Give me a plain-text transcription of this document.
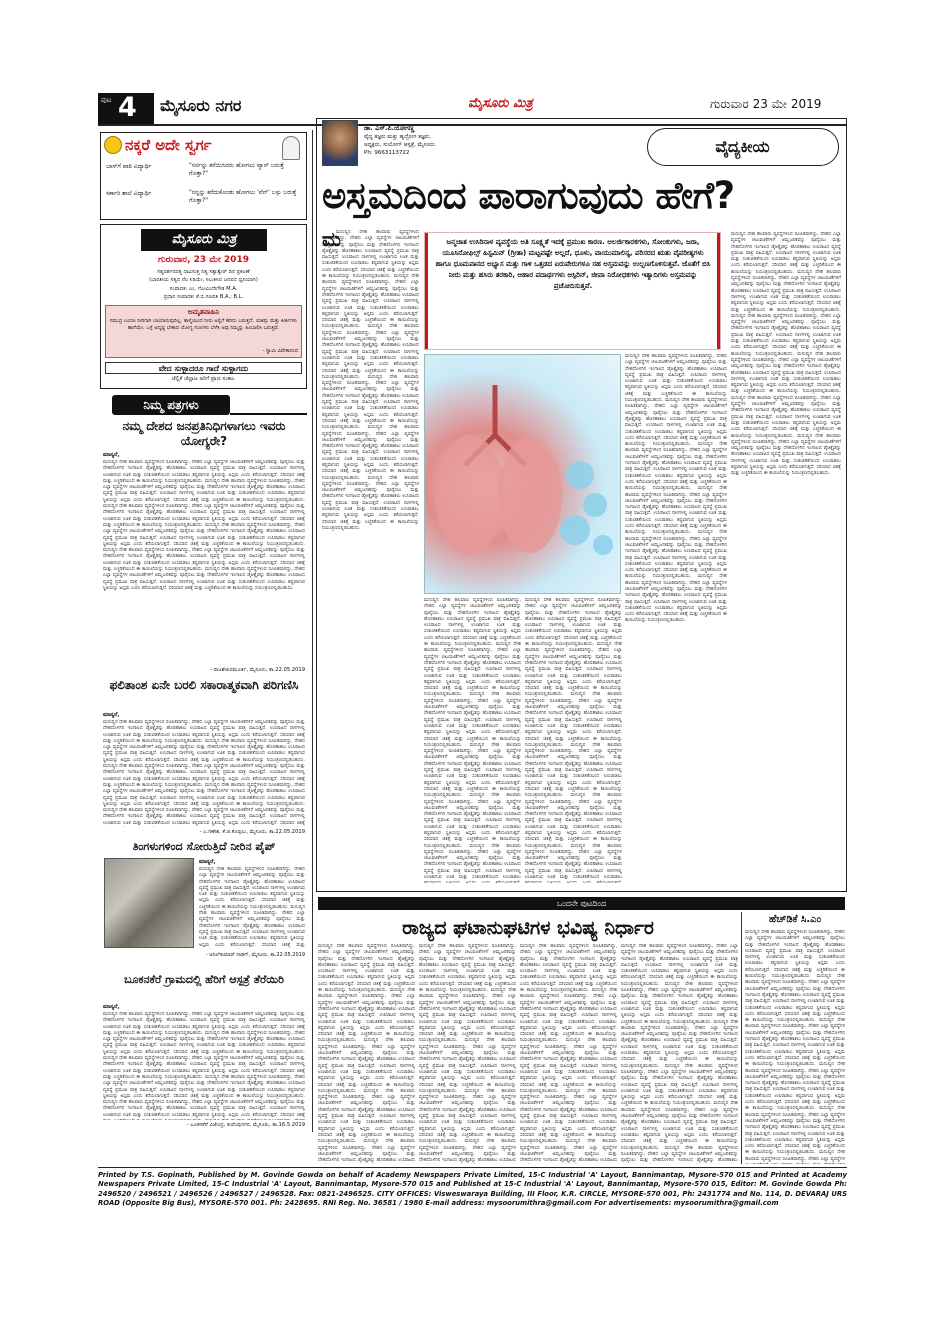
ಪುಟ 4 ಮೈಸೂರು ನಗರ	ಮೈಸೂರು ಮಿತ್ರ	ಗುರುವಾರ 23 ಮೇ 2019
ನಕ್ಕರೆ ಅದೇ ಸ್ವರ್ಗ
ಬಾಸ್‌ಗೆ ಪಾಠಿ ವಿದ್ಯಾರ್ಥಿ	"ಸರ್ನನ್ನು ಕರೆಯಿಸಿದರು ಹೋಗಲು ವ್ಯಾನ್ ಬರುತ್ತೆ ಗೊತ್ತಾ?"
ಸರ್ಕಾರಿ ಶಾಲೆ ವಿದ್ಯಾರ್ಥಿ	"ನನ್ನನ್ನು ಕರೆದುಕೊಂಡು ಹೋಗಲು 'ವೆನ್' ಬಸ್ಸು ಬರುತ್ತೆ ಗೊತ್ತಾ?"
ಮೈಸೂರು ಮಿತ್ರ
ಗುರುವಾರ, 23 ಮೇ 2019
ಸತ್ಯದರ್ಶನದತ್ತ ಧಾವಿಸುತ್ತ ನಿತ್ಯ ಸತ್ಯಾತ್ವೇರ್ ದಿನ ಪ್ರಕಟಣೆ
(ಭಾರತೀಯ ಸತ್ಯದ ನೆಲ ಸಿರಿಯೇ, ಸಿಲುಕಿಸಿದ ಜನಪದ ಧ್ವನಿಯಾಗಿ)
ಸಂಪಾದಕ: ಎಂ. ಗೋವಿಂದೇಗೌಡ M.A.
ಪ್ರಧಾನ ಸಂಪಾದಕ: ಕೆ.ಬಿ.ಗಣಪತಿ B.A.; B.L.
ಅಮೃತವಾಹಿನಿ
ಸಮುದ್ರ ಎಂದೂ ನೀರಿಗಾಗಿ ಬಾಯಾರುವುದಿಲ್ಲ. ತಾಳ್ಮೆಯಿಂದ ನೀರು ಅಲ್ಲಿಗೆ ಹರಿದು ಬರುತ್ತದೆ. ಯಶಸ್ಸು ಮತ್ತು ಕೀರ್ತಿಗಳು ಹಾಗೆಯೇ. ಒಳ್ಳೆ ಅದೃಷ್ಟ ಬೇಕಾದ ಯೋಗ್ಯ ಗುಣಗಳು ಬೆಳೆಸಿ ಅವು ನಿಮ್ಮನ್ನು ಹಿಂಬಾಲಿಸಿ ಬರುತ್ತವೆ.
- ಸ್ವಾಮಿ ವಿವೇಕಾನಂದ
ವೇದ ಸುಳ್ಳಾದರೂ ಗಾದೆ ಸುಳ್ಳಾಗದು
ಚೆಲ್ಲಿಕೆ ಚೆಲ್ಲಾಟ ಅರಿಗೆ ಪ್ರಾಣ ಸಂಕಟ.
ನಿಮ್ಮ ಪತ್ರಗಳು
ನಮ್ಮ ದೇಶದ ಜನಪ್ರತಿನಿಧಿಗಳಾಗಲು ಇವರು ಯೋಗ್ಯರೇ?
ಮಾನ್ಯರೆ,
ಮನುಷ್ಯನ ದೇಹ ಹಲವಾರು ವ್ಯವಸ್ಥೆಗಳಿಂದ ರೂಪಿತವಾಗಿದ್ದು, ದೇಹದ ಎಲ್ಲಾ ವ್ಯವಸ್ಥೆಗಳ ಚಟುವಟಿಕೆಗಳಿಗೆ ಆಮ್ಲಜನಕವನ್ನು ಪೂರೈಸಲು ಮತ್ತು ದೇಹದೊಳಗಿನ ಇಂಗಾಲದ ಡೈಆಕ್ಸೈಡನ್ನು ಹೊರಹಾಕಲು ಉಸಿರಾಟದ ವ್ಯವಸ್ಥೆ ಪ್ರಮುಖ ಪಾತ್ರ ವಹಿಸುತ್ತದೆ. ಉಸಿರಾಟದ ನಾಳಗಳಲ್ಲಿ ಉಂಟಾಗುವ ಊತ ಮತ್ತು ಸಂಕುಚಿತತೆಯಿಂದ ಉಸಿರಾಡಲು ಕಷ್ಟವಾಗುವ ಸ್ಥಿತಿಯನ್ನು ಅಸ್ತಮ ಎಂದು ಕರೆಯಲಾಗುತ್ತದೆ. ಸರಿಯಾದ ಚಿಕಿತ್ಸೆ ಮತ್ತು ಎಚ್ಚರಿಕೆಯಿಂದ ಈ ಕಾಯಿಲೆಯನ್ನು ನಿಯಂತ್ರಣದಲ್ಲಿಡಬಹುದು. ಮನುಷ್ಯನ ದೇಹ ಹಲವಾರು ವ್ಯವಸ್ಥೆಗಳಿಂದ ರೂಪಿತವಾಗಿದ್ದು, ದೇಹದ ಎಲ್ಲಾ ವ್ಯವಸ್ಥೆಗಳ ಚಟುವಟಿಕೆಗಳಿಗೆ ಆಮ್ಲಜನಕವನ್ನು ಪೂರೈಸಲು ಮತ್ತು ದೇಹದೊಳಗಿನ ಇಂಗಾಲದ ಡೈಆಕ್ಸೈಡನ್ನು ಹೊರಹಾಕಲು ಉಸಿರಾಟದ ವ್ಯವಸ್ಥೆ ಪ್ರಮುಖ ಪಾತ್ರ ವಹಿಸುತ್ತದೆ. ಉಸಿರಾಟದ ನಾಳಗಳಲ್ಲಿ ಉಂಟಾಗುವ ಊತ ಮತ್ತು ಸಂಕುಚಿತತೆಯಿಂದ ಉಸಿರಾಡಲು ಕಷ್ಟವಾಗುವ ಸ್ಥಿತಿಯನ್ನು ಅಸ್ತಮ ಎಂದು ಕರೆಯಲಾಗುತ್ತದೆ. ಸರಿಯಾದ ಚಿಕಿತ್ಸೆ ಮತ್ತು ಎಚ್ಚರಿಕೆಯಿಂದ ಈ ಕಾಯಿಲೆಯನ್ನು ನಿಯಂತ್ರಣದಲ್ಲಿಡಬಹುದು. ಮನುಷ್ಯನ ದೇಹ ಹಲವಾರು ವ್ಯವಸ್ಥೆಗಳಿಂದ ರೂಪಿತವಾಗಿದ್ದು, ದೇಹದ ಎಲ್ಲಾ ವ್ಯವಸ್ಥೆಗಳ ಚಟುವಟಿಕೆಗಳಿಗೆ ಆಮ್ಲಜನಕವನ್ನು ಪೂರೈಸಲು ಮತ್ತು ದೇಹದೊಳಗಿನ ಇಂಗಾಲದ ಡೈಆಕ್ಸೈಡನ್ನು ಹೊರಹಾಕಲು ಉಸಿರಾಟದ ವ್ಯವಸ್ಥೆ ಪ್ರಮುಖ ಪಾತ್ರ ವಹಿಸುತ್ತದೆ. ಉಸಿರಾಟದ ನಾಳಗಳಲ್ಲಿ ಉಂಟಾಗುವ ಊತ ಮತ್ತು ಸಂಕುಚಿತತೆಯಿಂದ ಉಸಿರಾಡಲು ಕಷ್ಟವಾಗುವ ಸ್ಥಿತಿಯನ್ನು ಅಸ್ತಮ ಎಂದು ಕರೆಯಲಾಗುತ್ತದೆ. ಸರಿಯಾದ ಚಿಕಿತ್ಸೆ ಮತ್ತು ಎಚ್ಚರಿಕೆಯಿಂದ ಈ ಕಾಯಿಲೆಯನ್ನು ನಿಯಂತ್ರಣದಲ್ಲಿಡಬಹುದು. ಮನುಷ್ಯನ ದೇಹ ಹಲವಾರು ವ್ಯವಸ್ಥೆಗಳಿಂದ ರೂಪಿತವಾಗಿದ್ದು, ದೇಹದ ಎಲ್ಲಾ ವ್ಯವಸ್ಥೆಗಳ ಚಟುವಟಿಕೆಗಳಿಗೆ ಆಮ್ಲಜನಕವನ್ನು ಪೂರೈಸಲು ಮತ್ತು ದೇಹದೊಳಗಿನ ಇಂಗಾಲದ ಡೈಆಕ್ಸೈಡನ್ನು ಹೊರಹಾಕಲು ಉಸಿರಾಟದ ವ್ಯವಸ್ಥೆ ಪ್ರಮುಖ ಪಾತ್ರ ವಹಿಸುತ್ತದೆ. ಉಸಿರಾಟದ ನಾಳಗಳಲ್ಲಿ ಉಂಟಾಗುವ ಊತ ಮತ್ತು ಸಂಕುಚಿತತೆಯಿಂದ ಉಸಿರಾಡಲು ಕಷ್ಟವಾಗುವ ಸ್ಥಿತಿಯನ್ನು ಅಸ್ತಮ ಎಂದು ಕರೆಯಲಾಗುತ್ತದೆ. ಸರಿಯಾದ ಚಿಕಿತ್ಸೆ ಮತ್ತು ಎಚ್ಚರಿಕೆಯಿಂದ ಈ ಕಾಯಿಲೆಯನ್ನು ನಿಯಂತ್ರಣದಲ್ಲಿಡಬಹುದು. ಮನುಷ್ಯನ ದೇಹ ಹಲವಾರು ವ್ಯವಸ್ಥೆಗಳಿಂದ ರೂಪಿತವಾಗಿದ್ದು, ದೇಹದ ಎಲ್ಲಾ ವ್ಯವಸ್ಥೆಗಳ ಚಟುವಟಿಕೆಗಳಿಗೆ ಆಮ್ಲಜನಕವನ್ನು ಪೂರೈಸಲು ಮತ್ತು ದೇಹದೊಳಗಿನ ಇಂಗಾಲದ ಡೈಆಕ್ಸೈಡನ್ನು ಹೊರಹಾಕಲು ಉಸಿರಾಟದ ವ್ಯವಸ್ಥೆ ಪ್ರಮುಖ ಪಾತ್ರ ವಹಿಸುತ್ತದೆ. ಉಸಿರಾಟದ ನಾಳಗಳಲ್ಲಿ ಉಂಟಾಗುವ ಊತ ಮತ್ತು ಸಂಕುಚಿತತೆಯಿಂದ ಉಸಿರಾಡಲು ಕಷ್ಟವಾಗುವ ಸ್ಥಿತಿಯನ್ನು ಅಸ್ತಮ ಎಂದು ಕರೆಯಲಾಗುತ್ತದೆ. ಸರಿಯಾದ ಚಿಕಿತ್ಸೆ ಮತ್ತು ಎಚ್ಚರಿಕೆಯಿಂದ ಈ ಕಾಯಿಲೆಯನ್ನು ನಿಯಂತ್ರಣದಲ್ಲಿಡಬಹುದು. ಮನುಷ್ಯನ ದೇಹ ಹಲವಾರು ವ್ಯವಸ್ಥೆಗಳಿಂದ ರೂಪಿತವಾಗಿದ್ದು, ದೇಹದ ಎಲ್ಲಾ ವ್ಯವಸ್ಥೆಗಳ ಚಟುವಟಿಕೆಗಳಿಗೆ ಆಮ್ಲಜನಕವನ್ನು ಪೂರೈಸಲು ಮತ್ತು ದೇಹದೊಳಗಿನ ಇಂಗಾಲದ ಡೈಆಕ್ಸೈಡನ್ನು ಹೊರಹಾಕಲು ಉಸಿರಾಟದ ವ್ಯವಸ್ಥೆ ಪ್ರಮುಖ ಪಾತ್ರ ವಹಿಸುತ್ತದೆ. ಉಸಿರಾಟದ ನಾಳಗಳಲ್ಲಿ ಉಂಟಾಗುವ ಊತ ಮತ್ತು ಸಂಕುಚಿತತೆಯಿಂದ ಉಸಿರಾಡಲು ಕಷ್ಟವಾಗುವ ಸ್ಥಿತಿಯನ್ನು ಅಸ್ತಮ ಎಂದು ಕರೆಯಲಾಗುತ್ತದೆ. ಸರಿಯಾದ ಚಿಕಿತ್ಸೆ ಮತ್ತು ಎಚ್ಚರಿಕೆಯಿಂದ ಈ ಕಾಯಿಲೆಯನ್ನು ನಿಯಂತ್ರಣದಲ್ಲಿಡಬಹುದು.
- ರಾಜಶೇಖರಮೂರ್ತಿ, ಮೈಸೂರು, ತಾ.22.05.2019
ಫಲಿತಾಂಶ ಏನೇ ಬರಲಿ ಸಕಾರಾತ್ಮಕವಾಗಿ ಪರಿಗಣಿಸಿ
ಮಾನ್ಯರೆ,
ಮನುಷ್ಯನ ದೇಹ ಹಲವಾರು ವ್ಯವಸ್ಥೆಗಳಿಂದ ರೂಪಿತವಾಗಿದ್ದು, ದೇಹದ ಎಲ್ಲಾ ವ್ಯವಸ್ಥೆಗಳ ಚಟುವಟಿಕೆಗಳಿಗೆ ಆಮ್ಲಜನಕವನ್ನು ಪೂರೈಸಲು ಮತ್ತು ದೇಹದೊಳಗಿನ ಇಂಗಾಲದ ಡೈಆಕ್ಸೈಡನ್ನು ಹೊರಹಾಕಲು ಉಸಿರಾಟದ ವ್ಯವಸ್ಥೆ ಪ್ರಮುಖ ಪಾತ್ರ ವಹಿಸುತ್ತದೆ. ಉಸಿರಾಟದ ನಾಳಗಳಲ್ಲಿ ಉಂಟಾಗುವ ಊತ ಮತ್ತು ಸಂಕುಚಿತತೆಯಿಂದ ಉಸಿರಾಡಲು ಕಷ್ಟವಾಗುವ ಸ್ಥಿತಿಯನ್ನು ಅಸ್ತಮ ಎಂದು ಕರೆಯಲಾಗುತ್ತದೆ. ಸರಿಯಾದ ಚಿಕಿತ್ಸೆ ಮತ್ತು ಎಚ್ಚರಿಕೆಯಿಂದ ಈ ಕಾಯಿಲೆಯನ್ನು ನಿಯಂತ್ರಣದಲ್ಲಿಡಬಹುದು. ಮನುಷ್ಯನ ದೇಹ ಹಲವಾರು ವ್ಯವಸ್ಥೆಗಳಿಂದ ರೂಪಿತವಾಗಿದ್ದು, ದೇಹದ ಎಲ್ಲಾ ವ್ಯವಸ್ಥೆಗಳ ಚಟುವಟಿಕೆಗಳಿಗೆ ಆಮ್ಲಜನಕವನ್ನು ಪೂರೈಸಲು ಮತ್ತು ದೇಹದೊಳಗಿನ ಇಂಗಾಲದ ಡೈಆಕ್ಸೈಡನ್ನು ಹೊರಹಾಕಲು ಉಸಿರಾಟದ ವ್ಯವಸ್ಥೆ ಪ್ರಮುಖ ಪಾತ್ರ ವಹಿಸುತ್ತದೆ. ಉಸಿರಾಟದ ನಾಳಗಳಲ್ಲಿ ಉಂಟಾಗುವ ಊತ ಮತ್ತು ಸಂಕುಚಿತತೆಯಿಂದ ಉಸಿರಾಡಲು ಕಷ್ಟವಾಗುವ ಸ್ಥಿತಿಯನ್ನು ಅಸ್ತಮ ಎಂದು ಕರೆಯಲಾಗುತ್ತದೆ. ಸರಿಯಾದ ಚಿಕಿತ್ಸೆ ಮತ್ತು ಎಚ್ಚರಿಕೆಯಿಂದ ಈ ಕಾಯಿಲೆಯನ್ನು ನಿಯಂತ್ರಣದಲ್ಲಿಡಬಹುದು. ಮನುಷ್ಯನ ದೇಹ ಹಲವಾರು ವ್ಯವಸ್ಥೆಗಳಿಂದ ರೂಪಿತವಾಗಿದ್ದು, ದೇಹದ ಎಲ್ಲಾ ವ್ಯವಸ್ಥೆಗಳ ಚಟುವಟಿಕೆಗಳಿಗೆ ಆಮ್ಲಜನಕವನ್ನು ಪೂರೈಸಲು ಮತ್ತು ದೇಹದೊಳಗಿನ ಇಂಗಾಲದ ಡೈಆಕ್ಸೈಡನ್ನು ಹೊರಹಾಕಲು ಉಸಿರಾಟದ ವ್ಯವಸ್ಥೆ ಪ್ರಮುಖ ಪಾತ್ರ ವಹಿಸುತ್ತದೆ. ಉಸಿರಾಟದ ನಾಳಗಳಲ್ಲಿ ಉಂಟಾಗುವ ಊತ ಮತ್ತು ಸಂಕುಚಿತತೆಯಿಂದ ಉಸಿರಾಡಲು ಕಷ್ಟವಾಗುವ ಸ್ಥಿತಿಯನ್ನು ಅಸ್ತಮ ಎಂದು ಕರೆಯಲಾಗುತ್ತದೆ. ಸರಿಯಾದ ಚಿಕಿತ್ಸೆ ಮತ್ತು ಎಚ್ಚರಿಕೆಯಿಂದ ಈ ಕಾಯಿಲೆಯನ್ನು ನಿಯಂತ್ರಣದಲ್ಲಿಡಬಹುದು. ಮನುಷ್ಯನ ದೇಹ ಹಲವಾರು ವ್ಯವಸ್ಥೆಗಳಿಂದ ರೂಪಿತವಾಗಿದ್ದು, ದೇಹದ ಎಲ್ಲಾ ವ್ಯವಸ್ಥೆಗಳ ಚಟುವಟಿಕೆಗಳಿಗೆ ಆಮ್ಲಜನಕವನ್ನು ಪೂರೈಸಲು ಮತ್ತು ದೇಹದೊಳಗಿನ ಇಂಗಾಲದ ಡೈಆಕ್ಸೈಡನ್ನು ಹೊರಹಾಕಲು ಉಸಿರಾಟದ ವ್ಯವಸ್ಥೆ ಪ್ರಮುಖ ಪಾತ್ರ ವಹಿಸುತ್ತದೆ. ಉಸಿರಾಟದ ನಾಳಗಳಲ್ಲಿ ಉಂಟಾಗುವ ಊತ ಮತ್ತು ಸಂಕುಚಿತತೆಯಿಂದ ಉಸಿರಾಡಲು ಕಷ್ಟವಾಗುವ ಸ್ಥಿತಿಯನ್ನು ಅಸ್ತಮ ಎಂದು ಕರೆಯಲಾಗುತ್ತದೆ. ಸರಿಯಾದ ಚಿಕಿತ್ಸೆ ಮತ್ತು ಎಚ್ಚರಿಕೆಯಿಂದ ಈ ಕಾಯಿಲೆಯನ್ನು ನಿಯಂತ್ರಣದಲ್ಲಿಡಬಹುದು. ಮನುಷ್ಯನ ದೇಹ ಹಲವಾರು ವ್ಯವಸ್ಥೆಗಳಿಂದ ರೂಪಿತವಾಗಿದ್ದು, ದೇಹದ ಎಲ್ಲಾ ವ್ಯವಸ್ಥೆಗಳ ಚಟುವಟಿಕೆಗಳಿಗೆ ಆಮ್ಲಜನಕವನ್ನು ಪೂರೈಸಲು ಮತ್ತು ದೇಹದೊಳಗಿನ ಇಂಗಾಲದ ಡೈಆಕ್ಸೈಡನ್ನು ಹೊರಹಾಕಲು ಉಸಿರಾಟದ ವ್ಯವಸ್ಥೆ ಪ್ರಮುಖ ಪಾತ್ರ ವಹಿಸುತ್ತದೆ. ಉಸಿರಾಟದ ನಾಳಗಳಲ್ಲಿ ಉಂಟಾಗುವ ಊತ ಮತ್ತು ಸಂಕುಚಿತತೆಯಿಂದ ಉಸಿರಾಡಲು ಕಷ್ಟವಾಗುವ ಸ್ಥಿತಿಯನ್ನು ಅಸ್ತಮ ಎಂದು ಕರೆಯಲಾಗುತ್ತದೆ. ಸರಿಯಾದ ಚಿಕಿತ್ಸೆ
- ಎ.ಗಣೇಶ, ಕೆ.ಜಿ.ಕೊಪ್ಪಲು, ಮೈಸೂರು, ತಾ.22.05.2019
ತಿಂಗಳುಗಳಿಂದ ಸೋರುತ್ತಿದೆ ನೀರಿನ ಪೈಪ್
ಮಾನ್ಯರೆ,
ಮನುಷ್ಯನ ದೇಹ ಹಲವಾರು ವ್ಯವಸ್ಥೆಗಳಿಂದ ರೂಪಿತವಾಗಿದ್ದು, ದೇಹದ ಎಲ್ಲಾ ವ್ಯವಸ್ಥೆಗಳ ಚಟುವಟಿಕೆಗಳಿಗೆ ಆಮ್ಲಜನಕವನ್ನು ಪೂರೈಸಲು ಮತ್ತು ದೇಹದೊಳಗಿನ ಇಂಗಾಲದ ಡೈಆಕ್ಸೈಡನ್ನು ಹೊರಹಾಕಲು ಉಸಿರಾಟದ ವ್ಯವಸ್ಥೆ ಪ್ರಮುಖ ಪಾತ್ರ ವಹಿಸುತ್ತದೆ. ಉಸಿರಾಟದ ನಾಳಗಳಲ್ಲಿ ಉಂಟಾಗುವ ಊತ ಮತ್ತು ಸಂಕುಚಿತತೆಯಿಂದ ಉಸಿರಾಡಲು ಕಷ್ಟವಾಗುವ ಸ್ಥಿತಿಯನ್ನು ಅಸ್ತಮ ಎಂದು ಕರೆಯಲಾಗುತ್ತದೆ. ಸರಿಯಾದ ಚಿಕಿತ್ಸೆ ಮತ್ತು ಎಚ್ಚರಿಕೆಯಿಂದ ಈ ಕಾಯಿಲೆಯನ್ನು ನಿಯಂತ್ರಣದಲ್ಲಿಡಬಹುದು. ಮನುಷ್ಯನ ದೇಹ ಹಲವಾರು ವ್ಯವಸ್ಥೆಗಳಿಂದ ರೂಪಿತವಾಗಿದ್ದು, ದೇಹದ ಎಲ್ಲಾ ವ್ಯವಸ್ಥೆಗಳ ಚಟುವಟಿಕೆಗಳಿಗೆ ಆಮ್ಲಜನಕವನ್ನು ಪೂರೈಸಲು ಮತ್ತು ದೇಹದೊಳಗಿನ ಇಂಗಾಲದ ಡೈಆಕ್ಸೈಡನ್ನು ಹೊರಹಾಕಲು ಉಸಿರಾಟದ ವ್ಯವಸ್ಥೆ ಪ್ರಮುಖ ಪಾತ್ರ ವಹಿಸುತ್ತದೆ. ಉಸಿರಾಟದ ನಾಳಗಳಲ್ಲಿ ಉಂಟಾಗುವ ಊತ ಮತ್ತು ಸಂಕುಚಿತತೆಯಿಂದ ಉಸಿರಾಡಲು ಕಷ್ಟವಾಗುವ ಸ್ಥಿತಿಯನ್ನು ಅಸ್ತಮ ಎಂದು ಕರೆಯಲಾಗುತ್ತದೆ. ಸರಿಯಾದ ಚಿಕಿತ್ಸೆ ಮತ್ತು
- ಅನಿಲ್‌ಕುಮಾರ್ ನಾಡಿಗ್, ಮೈಸೂರು, ತಾ.22.05.2019
ಬೂಕನಕೆರೆ ಗ್ರಾಮದಲ್ಲಿ ಹೆರಿಗೆ ಆಸ್ಪತ್ರೆ ತೆರೆಯಿರಿ
ಮಾನ್ಯರೆ,
ಮನುಷ್ಯನ ದೇಹ ಹಲವಾರು ವ್ಯವಸ್ಥೆಗಳಿಂದ ರೂಪಿತವಾಗಿದ್ದು, ದೇಹದ ಎಲ್ಲಾ ವ್ಯವಸ್ಥೆಗಳ ಚಟುವಟಿಕೆಗಳಿಗೆ ಆಮ್ಲಜನಕವನ್ನು ಪೂರೈಸಲು ಮತ್ತು ದೇಹದೊಳಗಿನ ಇಂಗಾಲದ ಡೈಆಕ್ಸೈಡನ್ನು ಹೊರಹಾಕಲು ಉಸಿರಾಟದ ವ್ಯವಸ್ಥೆ ಪ್ರಮುಖ ಪಾತ್ರ ವಹಿಸುತ್ತದೆ. ಉಸಿರಾಟದ ನಾಳಗಳಲ್ಲಿ ಉಂಟಾಗುವ ಊತ ಮತ್ತು ಸಂಕುಚಿತತೆಯಿಂದ ಉಸಿರಾಡಲು ಕಷ್ಟವಾಗುವ ಸ್ಥಿತಿಯನ್ನು ಅಸ್ತಮ ಎಂದು ಕರೆಯಲಾಗುತ್ತದೆ. ಸರಿಯಾದ ಚಿಕಿತ್ಸೆ ಮತ್ತು ಎಚ್ಚರಿಕೆಯಿಂದ ಈ ಕಾಯಿಲೆಯನ್ನು ನಿಯಂತ್ರಣದಲ್ಲಿಡಬಹುದು. ಮನುಷ್ಯನ ದೇಹ ಹಲವಾರು ವ್ಯವಸ್ಥೆಗಳಿಂದ ರೂಪಿತವಾಗಿದ್ದು, ದೇಹದ ಎಲ್ಲಾ ವ್ಯವಸ್ಥೆಗಳ ಚಟುವಟಿಕೆಗಳಿಗೆ ಆಮ್ಲಜನಕವನ್ನು ಪೂರೈಸಲು ಮತ್ತು ದೇಹದೊಳಗಿನ ಇಂಗಾಲದ ಡೈಆಕ್ಸೈಡನ್ನು ಹೊರಹಾಕಲು ಉಸಿರಾಟದ ವ್ಯವಸ್ಥೆ ಪ್ರಮುಖ ಪಾತ್ರ ವಹಿಸುತ್ತದೆ. ಉಸಿರಾಟದ ನಾಳಗಳಲ್ಲಿ ಉಂಟಾಗುವ ಊತ ಮತ್ತು ಸಂಕುಚಿತತೆಯಿಂದ ಉಸಿರಾಡಲು ಕಷ್ಟವಾಗುವ ಸ್ಥಿತಿಯನ್ನು ಅಸ್ತಮ ಎಂದು ಕರೆಯಲಾಗುತ್ತದೆ. ಸರಿಯಾದ ಚಿಕಿತ್ಸೆ ಮತ್ತು ಎಚ್ಚರಿಕೆಯಿಂದ ಈ ಕಾಯಿಲೆಯನ್ನು ನಿಯಂತ್ರಣದಲ್ಲಿಡಬಹುದು. ಮನುಷ್ಯನ ದೇಹ ಹಲವಾರು ವ್ಯವಸ್ಥೆಗಳಿಂದ ರೂಪಿತವಾಗಿದ್ದು, ದೇಹದ ಎಲ್ಲಾ ವ್ಯವಸ್ಥೆಗಳ ಚಟುವಟಿಕೆಗಳಿಗೆ ಆಮ್ಲಜನಕವನ್ನು ಪೂರೈಸಲು ಮತ್ತು ದೇಹದೊಳಗಿನ ಇಂಗಾಲದ ಡೈಆಕ್ಸೈಡನ್ನು ಹೊರಹಾಕಲು ಉಸಿರಾಟದ ವ್ಯವಸ್ಥೆ ಪ್ರಮುಖ ಪಾತ್ರ ವಹಿಸುತ್ತದೆ. ಉಸಿರಾಟದ ನಾಳಗಳಲ್ಲಿ ಉಂಟಾಗುವ ಊತ ಮತ್ತು ಸಂಕುಚಿತತೆಯಿಂದ ಉಸಿರಾಡಲು ಕಷ್ಟವಾಗುವ ಸ್ಥಿತಿಯನ್ನು ಅಸ್ತಮ ಎಂದು ಕರೆಯಲಾಗುತ್ತದೆ. ಸರಿಯಾದ ಚಿಕಿತ್ಸೆ ಮತ್ತು ಎಚ್ಚರಿಕೆಯಿಂದ ಈ ಕಾಯಿಲೆಯನ್ನು ನಿಯಂತ್ರಣದಲ್ಲಿಡಬಹುದು. ಮನುಷ್ಯನ ದೇಹ ಹಲವಾರು ವ್ಯವಸ್ಥೆಗಳಿಂದ ರೂಪಿತವಾಗಿದ್ದು, ದೇಹದ ಎಲ್ಲಾ ವ್ಯವಸ್ಥೆಗಳ ಚಟುವಟಿಕೆಗಳಿಗೆ ಆಮ್ಲಜನಕವನ್ನು ಪೂರೈಸಲು ಮತ್ತು ದೇಹದೊಳಗಿನ ಇಂಗಾಲದ ಡೈಆಕ್ಸೈಡನ್ನು ಹೊರಹಾಕಲು ಉಸಿರಾಟದ ವ್ಯವಸ್ಥೆ ಪ್ರಮುಖ ಪಾತ್ರ ವಹಿಸುತ್ತದೆ. ಉಸಿರಾಟದ ನಾಳಗಳಲ್ಲಿ ಉಂಟಾಗುವ ಊತ ಮತ್ತು ಸಂಕುಚಿತತೆಯಿಂದ ಉಸಿರಾಡಲು ಕಷ್ಟವಾಗುವ ಸ್ಥಿತಿಯನ್ನು ಅಸ್ತಮ ಎಂದು ಕರೆಯಲಾಗುತ್ತದೆ. ಸರಿಯಾದ ಚಿಕಿತ್ಸೆ ಮತ್ತು ಎಚ್ಚರಿಕೆಯಿಂದ ಈ ಕಾಯಿಲೆಯನ್ನು ನಿಯಂತ್ರಣದಲ್ಲಿಡಬಹುದು. ಮನುಷ್ಯನ ದೇಹ ಹಲವಾರು ವ್ಯವಸ್ಥೆಗಳಿಂದ ರೂಪಿತವಾಗಿದ್ದು, ದೇಹದ ಎಲ್ಲಾ ವ್ಯವಸ್ಥೆಗಳ ಚಟುವಟಿಕೆಗಳಿಗೆ ಆಮ್ಲಜನಕವನ್ನು ಪೂರೈಸಲು ಮತ್ತು ದೇಹದೊಳಗಿನ ಇಂಗಾಲದ ಡೈಆಕ್ಸೈಡನ್ನು ಹೊರಹಾಕಲು ಉಸಿರಾಟದ ವ್ಯವಸ್ಥೆ ಪ್ರಮುಖ ಪಾತ್ರ ವಹಿಸುತ್ತದೆ. ಉಸಿರಾಟದ ನಾಳಗಳಲ್ಲಿ ಉಂಟಾಗುವ ಊತ ಮತ್ತು ಸಂಕುಚಿತತೆಯಿಂದ ಉಸಿರಾಡಲು ಕಷ್ಟವಾಗುವ ಸ್ಥಿತಿಯನ್ನು ಅಸ್ತಮ ಎಂದು ಕರೆಯಲಾಗುತ್ತದೆ. ಸರಿಯಾದ ಚಿಕಿತ್ಸೆ
- ಬೂಕನಕೆರೆ ವಿಜೇಂದ್ರ, ಕುವೆಂಪುನಗರ, ಮೈಸೂರು, ತಾ.16.5.2019
ಡಾ. ಎಸ್.ಪಿ.ಯೋಗಣ್ಣ
ವೈದ್ಯ ತಜ್ಞರು ಮತ್ತು ಹೃದ್ರೋಗ ತಜ್ಞರು,
ಅಧ್ಯಕ್ಷರು, ಸುಯೋಗ್ ಆಸ್ಪತ್ರೆ, ಮೈಸೂರು.
Ph: 9663113722	ವೈದ್ಯಕೀಯ
ಅಸ್ತಮದಿಂದ ಪಾರಾಗುವುದು ಹೇಗೆ?
ಮ
ಮನುಷ್ಯನ ದೇಹ ಹಲವಾರು ವ್ಯವಸ್ಥೆಗಳಿಂದ ರೂಪಿತವಾಗಿದ್ದು, ದೇಹದ ಎಲ್ಲಾ ವ್ಯವಸ್ಥೆಗಳ ಚಟುವಟಿಕೆಗಳಿಗೆ ಆಮ್ಲಜನಕವನ್ನು ಪೂರೈಸಲು ಮತ್ತು ದೇಹದೊಳಗಿನ ಇಂಗಾಲದ ಡೈಆಕ್ಸೈಡನ್ನು ಹೊರಹಾಕಲು ಉಸಿರಾಟದ ವ್ಯವಸ್ಥೆ ಪ್ರಮುಖ ಪಾತ್ರ ವಹಿಸುತ್ತದೆ. ಉಸಿರಾಟದ ನಾಳಗಳಲ್ಲಿ ಉಂಟಾಗುವ ಊತ ಮತ್ತು ಸಂಕುಚಿತತೆಯಿಂದ ಉಸಿರಾಡಲು ಕಷ್ಟವಾಗುವ ಸ್ಥಿತಿಯನ್ನು ಅಸ್ತಮ ಎಂದು ಕರೆಯಲಾಗುತ್ತದೆ. ಸರಿಯಾದ ಚಿಕಿತ್ಸೆ ಮತ್ತು ಎಚ್ಚರಿಕೆಯಿಂದ ಈ ಕಾಯಿಲೆಯನ್ನು ನಿಯಂತ್ರಣದಲ್ಲಿಡಬಹುದು. ಮನುಷ್ಯನ ದೇಹ ಹಲವಾರು ವ್ಯವಸ್ಥೆಗಳಿಂದ ರೂಪಿತವಾಗಿದ್ದು, ದೇಹದ ಎಲ್ಲಾ ವ್ಯವಸ್ಥೆಗಳ ಚಟುವಟಿಕೆಗಳಿಗೆ ಆಮ್ಲಜನಕವನ್ನು ಪೂರೈಸಲು ಮತ್ತು ದೇಹದೊಳಗಿನ ಇಂಗಾಲದ ಡೈಆಕ್ಸೈಡನ್ನು ಹೊರಹಾಕಲು ಉಸಿರಾಟದ ವ್ಯವಸ್ಥೆ ಪ್ರಮುಖ ಪಾತ್ರ ವಹಿಸುತ್ತದೆ. ಉಸಿರಾಟದ ನಾಳಗಳಲ್ಲಿ ಉಂಟಾಗುವ ಊತ ಮತ್ತು ಸಂಕುಚಿತತೆಯಿಂದ ಉಸಿರಾಡಲು ಕಷ್ಟವಾಗುವ ಸ್ಥಿತಿಯನ್ನು ಅಸ್ತಮ ಎಂದು ಕರೆಯಲಾಗುತ್ತದೆ. ಸರಿಯಾದ ಚಿಕಿತ್ಸೆ ಮತ್ತು ಎಚ್ಚರಿಕೆಯಿಂದ ಈ ಕಾಯಿಲೆಯನ್ನು ನಿಯಂತ್ರಣದಲ್ಲಿಡಬಹುದು. ಮನುಷ್ಯನ ದೇಹ ಹಲವಾರು ವ್ಯವಸ್ಥೆಗಳಿಂದ ರೂಪಿತವಾಗಿದ್ದು, ದೇಹದ ಎಲ್ಲಾ ವ್ಯವಸ್ಥೆಗಳ ಚಟುವಟಿಕೆಗಳಿಗೆ ಆಮ್ಲಜನಕವನ್ನು ಪೂರೈಸಲು ಮತ್ತು ದೇಹದೊಳಗಿನ ಇಂಗಾಲದ ಡೈಆಕ್ಸೈಡನ್ನು ಹೊರಹಾಕಲು ಉಸಿರಾಟದ ವ್ಯವಸ್ಥೆ ಪ್ರಮುಖ ಪಾತ್ರ ವಹಿಸುತ್ತದೆ. ಉಸಿರಾಟದ ನಾಳಗಳಲ್ಲಿ ಉಂಟಾಗುವ ಊತ ಮತ್ತು ಸಂಕುಚಿತತೆಯಿಂದ ಉಸಿರಾಡಲು ಕಷ್ಟವಾಗುವ ಸ್ಥಿತಿಯನ್ನು ಅಸ್ತಮ ಎಂದು ಕರೆಯಲಾಗುತ್ತದೆ. ಸರಿಯಾದ ಚಿಕಿತ್ಸೆ ಮತ್ತು ಎಚ್ಚರಿಕೆಯಿಂದ ಈ ಕಾಯಿಲೆಯನ್ನು ನಿಯಂತ್ರಣದಲ್ಲಿಡಬಹುದು. ಮನುಷ್ಯನ ದೇಹ ಹಲವಾರು ವ್ಯವಸ್ಥೆಗಳಿಂದ ರೂಪಿತವಾಗಿದ್ದು, ದೇಹದ ಎಲ್ಲಾ ವ್ಯವಸ್ಥೆಗಳ ಚಟುವಟಿಕೆಗಳಿಗೆ ಆಮ್ಲಜನಕವನ್ನು ಪೂರೈಸಲು ಮತ್ತು ದೇಹದೊಳಗಿನ ಇಂಗಾಲದ ಡೈಆಕ್ಸೈಡನ್ನು ಹೊರಹಾಕಲು ಉಸಿರಾಟದ ವ್ಯವಸ್ಥೆ ಪ್ರಮುಖ ಪಾತ್ರ ವಹಿಸುತ್ತದೆ. ಉಸಿರಾಟದ ನಾಳಗಳಲ್ಲಿ ಉಂಟಾಗುವ ಊತ ಮತ್ತು ಸಂಕುಚಿತತೆಯಿಂದ ಉಸಿರಾಡಲು ಕಷ್ಟವಾಗುವ ಸ್ಥಿತಿಯನ್ನು ಅಸ್ತಮ ಎಂದು ಕರೆಯಲಾಗುತ್ತದೆ. ಸರಿಯಾದ ಚಿಕಿತ್ಸೆ ಮತ್ತು ಎಚ್ಚರಿಕೆಯಿಂದ ಈ ಕಾಯಿಲೆಯನ್ನು ನಿಯಂತ್ರಣದಲ್ಲಿಡಬಹುದು. ಮನುಷ್ಯನ ದೇಹ ಹಲವಾರು ವ್ಯವಸ್ಥೆಗಳಿಂದ ರೂಪಿತವಾಗಿದ್ದು, ದೇಹದ ಎಲ್ಲಾ ವ್ಯವಸ್ಥೆಗಳ ಚಟುವಟಿಕೆಗಳಿಗೆ ಆಮ್ಲಜನಕವನ್ನು ಪೂರೈಸಲು ಮತ್ತು ದೇಹದೊಳಗಿನ ಇಂಗಾಲದ ಡೈಆಕ್ಸೈಡನ್ನು ಹೊರಹಾಕಲು ಉಸಿರಾಟದ ವ್ಯವಸ್ಥೆ ಪ್ರಮುಖ ಪಾತ್ರ ವಹಿಸುತ್ತದೆ. ಉಸಿರಾಟದ ನಾಳಗಳಲ್ಲಿ ಉಂಟಾಗುವ ಊತ ಮತ್ತು ಸಂಕುಚಿತತೆಯಿಂದ ಉಸಿರಾಡಲು ಕಷ್ಟವಾಗುವ ಸ್ಥಿತಿಯನ್ನು ಅಸ್ತಮ ಎಂದು ಕರೆಯಲಾಗುತ್ತದೆ. ಸರಿಯಾದ ಚಿಕಿತ್ಸೆ ಮತ್ತು ಎಚ್ಚರಿಕೆಯಿಂದ ಈ ಕಾಯಿಲೆಯನ್ನು ನಿಯಂತ್ರಣದಲ್ಲಿಡಬಹುದು. ಮನುಷ್ಯನ ದೇಹ ಹಲವಾರು ವ್ಯವಸ್ಥೆಗಳಿಂದ ರೂಪಿತವಾಗಿದ್ದು, ದೇಹದ ಎಲ್ಲಾ ವ್ಯವಸ್ಥೆಗಳ ಚಟುವಟಿಕೆಗಳಿಗೆ ಆಮ್ಲಜನಕವನ್ನು ಪೂರೈಸಲು ಮತ್ತು ದೇಹದೊಳಗಿನ ಇಂಗಾಲದ ಡೈಆಕ್ಸೈಡನ್ನು ಹೊರಹಾಕಲು ಉಸಿರಾಟದ ವ್ಯವಸ್ಥೆ ಪ್ರಮುಖ ಪಾತ್ರ ವಹಿಸುತ್ತದೆ. ಉಸಿರಾಟದ ನಾಳಗಳಲ್ಲಿ ಉಂಟಾಗುವ ಊತ ಮತ್ತು ಸಂಕುಚಿತತೆಯಿಂದ ಉಸಿರಾಡಲು ಕಷ್ಟವಾಗುವ ಸ್ಥಿತಿಯನ್ನು ಅಸ್ತಮ ಎಂದು ಕರೆಯಲಾಗುತ್ತದೆ. ಸರಿಯಾದ ಚಿಕಿತ್ಸೆ ಮತ್ತು ಎಚ್ಚರಿಕೆಯಿಂದ ಈ ಕಾಯಿಲೆಯನ್ನು ನಿಯಂತ್ರಣದಲ್ಲಿಡಬಹುದು.
ಜನ್ಮಜಾತ ಉಸಿರಿನಾಳ ವ್ಯವಸ್ಥೆಯ ಅತಿ ಸೂಕ್ಷ್ಮತೆ ಇದಕ್ಕೆ ಪ್ರಮುಖ ಕಾರಣ. ಅಲರ್ಜಿಕಾರಕಗಳು, ಸೋಂಕುಗಳು, ಜರಾ, ಯೂಸಿನೋಫಿಲ್ಸ್ ಹಿಸ್ಟಮಿನ್ (ಗ್ರೀತಾ) ಮಟ್ಟವಷ್ಟೇ ಅಲ್ಲದೆ, ಧೂಳು, ವಾಯುಮಾಲಿನ್ಯ, ಪರಿಸರದ ಋತು ವೈಪರೀತ್ಯಗಳು ಹಾಗೂ ಧೂಮಪಾನದ ಅಭ್ಯಾಸ ಮತ್ತು ಗಾಳಿ ಒತ್ತಡದ ಏರುಪೇರುಗಳೂ ಸಹ ಅಸ್ತಮವನ್ನು ಉಲ್ಬಣಗೊಳಿಸುತ್ತವೆ. ಜೊತೆಗೆ ಬಿಸಿ ನೀರು ಮತ್ತು ಹಸಿರು ತರಕಾರಿ, ಆಹಾರ ಪದಾರ್ಥಗಳು ಆಸ್ಪಿರಿನ್, ಜೀವಾ ನಿರೋಧಕಗಳು ಇತ್ಯಾದಿಗಳು ಅಸ್ತಮವನ್ನು ಪ್ರಚೋದಿಸುತ್ತವೆ.
ಮನುಷ್ಯನ ದೇಹ ಹಲವಾರು ವ್ಯವಸ್ಥೆಗಳಿಂದ ರೂಪಿತವಾಗಿದ್ದು, ದೇಹದ ಎಲ್ಲಾ ವ್ಯವಸ್ಥೆಗಳ ಚಟುವಟಿಕೆಗಳಿಗೆ ಆಮ್ಲಜನಕವನ್ನು ಪೂರೈಸಲು ಮತ್ತು ದೇಹದೊಳಗಿನ ಇಂಗಾಲದ ಡೈಆಕ್ಸೈಡನ್ನು ಹೊರಹಾಕಲು ಉಸಿರಾಟದ ವ್ಯವಸ್ಥೆ ಪ್ರಮುಖ ಪಾತ್ರ ವಹಿಸುತ್ತದೆ. ಉಸಿರಾಟದ ನಾಳಗಳಲ್ಲಿ ಉಂಟಾಗುವ ಊತ ಮತ್ತು ಸಂಕುಚಿತತೆಯಿಂದ ಉಸಿರಾಡಲು ಕಷ್ಟವಾಗುವ ಸ್ಥಿತಿಯನ್ನು ಅಸ್ತಮ ಎಂದು ಕರೆಯಲಾಗುತ್ತದೆ. ಸರಿಯಾದ ಚಿಕಿತ್ಸೆ ಮತ್ತು ಎಚ್ಚರಿಕೆಯಿಂದ ಈ ಕಾಯಿಲೆಯನ್ನು ನಿಯಂತ್ರಣದಲ್ಲಿಡಬಹುದು. ಮನುಷ್ಯನ ದೇಹ ಹಲವಾರು ವ್ಯವಸ್ಥೆಗಳಿಂದ ರೂಪಿತವಾಗಿದ್ದು, ದೇಹದ ಎಲ್ಲಾ ವ್ಯವಸ್ಥೆಗಳ ಚಟುವಟಿಕೆಗಳಿಗೆ ಆಮ್ಲಜನಕವನ್ನು ಪೂರೈಸಲು ಮತ್ತು ದೇಹದೊಳಗಿನ ಇಂಗಾಲದ ಡೈಆಕ್ಸೈಡನ್ನು ಹೊರಹಾಕಲು ಉಸಿರಾಟದ ವ್ಯವಸ್ಥೆ ಪ್ರಮುಖ ಪಾತ್ರ ವಹಿಸುತ್ತದೆ. ಉಸಿರಾಟದ ನಾಳಗಳಲ್ಲಿ ಉಂಟಾಗುವ ಊತ ಮತ್ತು ಸಂಕುಚಿತತೆಯಿಂದ ಉಸಿರಾಡಲು ಕಷ್ಟವಾಗುವ ಸ್ಥಿತಿಯನ್ನು ಅಸ್ತಮ ಎಂದು ಕರೆಯಲಾಗುತ್ತದೆ. ಸರಿಯಾದ ಚಿಕಿತ್ಸೆ ಮತ್ತು ಎಚ್ಚರಿಕೆಯಿಂದ ಈ ಕಾಯಿಲೆಯನ್ನು ನಿಯಂತ್ರಣದಲ್ಲಿಡಬಹುದು. ಮನುಷ್ಯನ ದೇಹ ಹಲವಾರು ವ್ಯವಸ್ಥೆಗಳಿಂದ ರೂಪಿತವಾಗಿದ್ದು, ದೇಹದ ಎಲ್ಲಾ ವ್ಯವಸ್ಥೆಗಳ ಚಟುವಟಿಕೆಗಳಿಗೆ ಆಮ್ಲಜನಕವನ್ನು ಪೂರೈಸಲು ಮತ್ತು ದೇಹದೊಳಗಿನ ಇಂಗಾಲದ ಡೈಆಕ್ಸೈಡನ್ನು ಹೊರಹಾಕಲು ಉಸಿರಾಟದ ವ್ಯವಸ್ಥೆ ಪ್ರಮುಖ ಪಾತ್ರ ವಹಿಸುತ್ತದೆ. ಉಸಿರಾಟದ ನಾಳಗಳಲ್ಲಿ ಉಂಟಾಗುವ ಊತ ಮತ್ತು ಸಂಕುಚಿತತೆಯಿಂದ ಉಸಿರಾಡಲು ಕಷ್ಟವಾಗುವ ಸ್ಥಿತಿಯನ್ನು ಅಸ್ತಮ ಎಂದು ಕರೆಯಲಾಗುತ್ತದೆ. ಸರಿಯಾದ ಚಿಕಿತ್ಸೆ ಮತ್ತು ಎಚ್ಚರಿಕೆಯಿಂದ ಈ ಕಾಯಿಲೆಯನ್ನು ನಿಯಂತ್ರಣದಲ್ಲಿಡಬಹುದು. ಮನುಷ್ಯನ ದೇಹ ಹಲವಾರು ವ್ಯವಸ್ಥೆಗಳಿಂದ ರೂಪಿತವಾಗಿದ್ದು, ದೇಹದ ಎಲ್ಲಾ ವ್ಯವಸ್ಥೆಗಳ ಚಟುವಟಿಕೆಗಳಿಗೆ ಆಮ್ಲಜನಕವನ್ನು ಪೂರೈಸಲು ಮತ್ತು ದೇಹದೊಳಗಿನ ಇಂಗಾಲದ ಡೈಆಕ್ಸೈಡನ್ನು ಹೊರಹಾಕಲು ಉಸಿರಾಟದ ವ್ಯವಸ್ಥೆ ಪ್ರಮುಖ ಪಾತ್ರ ವಹಿಸುತ್ತದೆ. ಉಸಿರಾಟದ ನಾಳಗಳಲ್ಲಿ ಉಂಟಾಗುವ ಊತ ಮತ್ತು ಸಂಕುಚಿತತೆಯಿಂದ ಉಸಿರಾಡಲು ಕಷ್ಟವಾಗುವ ಸ್ಥಿತಿಯನ್ನು ಅಸ್ತಮ ಎಂದು ಕರೆಯಲಾಗುತ್ತದೆ. ಸರಿಯಾದ ಚಿಕಿತ್ಸೆ ಮತ್ತು ಎಚ್ಚರಿಕೆಯಿಂದ ಈ ಕಾಯಿಲೆಯನ್ನು ನಿಯಂತ್ರಣದಲ್ಲಿಡಬಹುದು. ಮನುಷ್ಯನ ದೇಹ ಹಲವಾರು ವ್ಯವಸ್ಥೆಗಳಿಂದ ರೂಪಿತವಾಗಿದ್ದು, ದೇಹದ ಎಲ್ಲಾ ವ್ಯವಸ್ಥೆಗಳ ಚಟುವಟಿಕೆಗಳಿಗೆ ಆಮ್ಲಜನಕವನ್ನು ಪೂರೈಸಲು ಮತ್ತು ದೇಹದೊಳಗಿನ ಇಂಗಾಲದ ಡೈಆಕ್ಸೈಡನ್ನು ಹೊರಹಾಕಲು ಉಸಿರಾಟದ ವ್ಯವಸ್ಥೆ ಪ್ರಮುಖ ಪಾತ್ರ ವಹಿಸುತ್ತದೆ. ಉಸಿರಾಟದ ನಾಳಗಳಲ್ಲಿ ಉಂಟಾಗುವ ಊತ ಮತ್ತು ಸಂಕುಚಿತತೆಯಿಂದ ಉಸಿರಾಡಲು ಕಷ್ಟವಾಗುವ ಸ್ಥಿತಿಯನ್ನು ಅಸ್ತಮ ಎಂದು ಕರೆಯಲಾಗುತ್ತದೆ. ಸರಿಯಾದ ಚಿಕಿತ್ಸೆ ಮತ್ತು ಎಚ್ಚರಿಕೆಯಿಂದ ಈ ಕಾಯಿಲೆಯನ್ನು ನಿಯಂತ್ರಣದಲ್ಲಿಡಬಹುದು. ಮನುಷ್ಯನ ದೇಹ ಹಲವಾರು ವ್ಯವಸ್ಥೆಗಳಿಂದ ರೂಪಿತವಾಗಿದ್ದು, ದೇಹದ ಎಲ್ಲಾ ವ್ಯವಸ್ಥೆಗಳ ಚಟುವಟಿಕೆಗಳಿಗೆ ಆಮ್ಲಜನಕವನ್ನು ಪೂರೈಸಲು ಮತ್ತು ದೇಹದೊಳಗಿನ ಇಂಗಾಲದ ಡೈಆಕ್ಸೈಡನ್ನು ಹೊರಹಾಕಲು ಉಸಿರಾಟದ ವ್ಯವಸ್ಥೆ ಪ್ರಮುಖ ಪಾತ್ರ ವಹಿಸುತ್ತದೆ. ಉಸಿರಾಟದ ನಾಳಗಳಲ್ಲಿ ಉಂಟಾಗುವ ಊತ ಮತ್ತು ಸಂಕುಚಿತತೆಯಿಂದ ಉಸಿರಾಡಲು
ಮನುಷ್ಯನ ದೇಹ ಹಲವಾರು ವ್ಯವಸ್ಥೆಗಳಿಂದ ರೂಪಿತವಾಗಿದ್ದು, ದೇಹದ ಎಲ್ಲಾ ವ್ಯವಸ್ಥೆಗಳ ಚಟುವಟಿಕೆಗಳಿಗೆ ಆಮ್ಲಜನಕವನ್ನು ಪೂರೈಸಲು ಮತ್ತು ದೇಹದೊಳಗಿನ ಇಂಗಾಲದ ಡೈಆಕ್ಸೈಡನ್ನು ಹೊರಹಾಕಲು ಉಸಿರಾಟದ ವ್ಯವಸ್ಥೆ ಪ್ರಮುಖ ಪಾತ್ರ ವಹಿಸುತ್ತದೆ. ಉಸಿರಾಟದ ನಾಳಗಳಲ್ಲಿ ಉಂಟಾಗುವ ಊತ ಮತ್ತು ಸಂಕುಚಿತತೆಯಿಂದ ಉಸಿರಾಡಲು ಕಷ್ಟವಾಗುವ ಸ್ಥಿತಿಯನ್ನು ಅಸ್ತಮ ಎಂದು ಕರೆಯಲಾಗುತ್ತದೆ. ಸರಿಯಾದ ಚಿಕಿತ್ಸೆ ಮತ್ತು ಎಚ್ಚರಿಕೆಯಿಂದ ಈ ಕಾಯಿಲೆಯನ್ನು ನಿಯಂತ್ರಣದಲ್ಲಿಡಬಹುದು. ಮನುಷ್ಯನ ದೇಹ ಹಲವಾರು ವ್ಯವಸ್ಥೆಗಳಿಂದ ರೂಪಿತವಾಗಿದ್ದು, ದೇಹದ ಎಲ್ಲಾ ವ್ಯವಸ್ಥೆಗಳ ಚಟುವಟಿಕೆಗಳಿಗೆ ಆಮ್ಲಜನಕವನ್ನು ಪೂರೈಸಲು ಮತ್ತು ದೇಹದೊಳಗಿನ ಇಂಗಾಲದ ಡೈಆಕ್ಸೈಡನ್ನು ಹೊರಹಾಕಲು ಉಸಿರಾಟದ ವ್ಯವಸ್ಥೆ ಪ್ರಮುಖ ಪಾತ್ರ ವಹಿಸುತ್ತದೆ. ಉಸಿರಾಟದ ನಾಳಗಳಲ್ಲಿ ಉಂಟಾಗುವ ಊತ ಮತ್ತು ಸಂಕುಚಿತತೆಯಿಂದ ಉಸಿರಾಡಲು ಕಷ್ಟವಾಗುವ ಸ್ಥಿತಿಯನ್ನು ಅಸ್ತಮ ಎಂದು ಕರೆಯಲಾಗುತ್ತದೆ. ಸರಿಯಾದ ಚಿಕಿತ್ಸೆ ಮತ್ತು ಎಚ್ಚರಿಕೆಯಿಂದ ಈ ಕಾಯಿಲೆಯನ್ನು ನಿಯಂತ್ರಣದಲ್ಲಿಡಬಹುದು. ಮನುಷ್ಯನ ದೇಹ ಹಲವಾರು ವ್ಯವಸ್ಥೆಗಳಿಂದ ರೂಪಿತವಾಗಿದ್ದು, ದೇಹದ ಎಲ್ಲಾ ವ್ಯವಸ್ಥೆಗಳ ಚಟುವಟಿಕೆಗಳಿಗೆ ಆಮ್ಲಜನಕವನ್ನು ಪೂರೈಸಲು ಮತ್ತು ದೇಹದೊಳಗಿನ ಇಂಗಾಲದ ಡೈಆಕ್ಸೈಡನ್ನು ಹೊರಹಾಕಲು ಉಸಿರಾಟದ ವ್ಯವಸ್ಥೆ ಪ್ರಮುಖ ಪಾತ್ರ ವಹಿಸುತ್ತದೆ. ಉಸಿರಾಟದ ನಾಳಗಳಲ್ಲಿ ಉಂಟಾಗುವ ಊತ ಮತ್ತು ಸಂಕುಚಿತತೆಯಿಂದ ಉಸಿರಾಡಲು ಕಷ್ಟವಾಗುವ ಸ್ಥಿತಿಯನ್ನು ಅಸ್ತಮ ಎಂದು ಕರೆಯಲಾಗುತ್ತದೆ. ಸರಿಯಾದ ಚಿಕಿತ್ಸೆ ಮತ್ತು ಎಚ್ಚರಿಕೆಯಿಂದ ಈ ಕಾಯಿಲೆಯನ್ನು ನಿಯಂತ್ರಣದಲ್ಲಿಡಬಹುದು. ಮನುಷ್ಯನ ದೇಹ ಹಲವಾರು ವ್ಯವಸ್ಥೆಗಳಿಂದ ರೂಪಿತವಾಗಿದ್ದು, ದೇಹದ ಎಲ್ಲಾ ವ್ಯವಸ್ಥೆಗಳ ಚಟುವಟಿಕೆಗಳಿಗೆ ಆಮ್ಲಜನಕವನ್ನು ಪೂರೈಸಲು ಮತ್ತು ದೇಹದೊಳಗಿನ ಇಂಗಾಲದ ಡೈಆಕ್ಸೈಡನ್ನು ಹೊರಹಾಕಲು ಉಸಿರಾಟದ ವ್ಯವಸ್ಥೆ ಪ್ರಮುಖ ಪಾತ್ರ ವಹಿಸುತ್ತದೆ. ಉಸಿರಾಟದ ನಾಳಗಳಲ್ಲಿ ಉಂಟಾಗುವ ಊತ ಮತ್ತು ಸಂಕುಚಿತತೆಯಿಂದ ಉಸಿರಾಡಲು ಕಷ್ಟವಾಗುವ ಸ್ಥಿತಿಯನ್ನು ಅಸ್ತಮ ಎಂದು ಕರೆಯಲಾಗುತ್ತದೆ. ಸರಿಯಾದ ಚಿಕಿತ್ಸೆ ಮತ್ತು ಎಚ್ಚರಿಕೆಯಿಂದ ಈ ಕಾಯಿಲೆಯನ್ನು ನಿಯಂತ್ರಣದಲ್ಲಿಡಬಹುದು. ಮನುಷ್ಯನ ದೇಹ ಹಲವಾರು ವ್ಯವಸ್ಥೆಗಳಿಂದ ರೂಪಿತವಾಗಿದ್ದು, ದೇಹದ ಎಲ್ಲಾ ವ್ಯವಸ್ಥೆಗಳ ಚಟುವಟಿಕೆಗಳಿಗೆ ಆಮ್ಲಜನಕವನ್ನು ಪೂರೈಸಲು ಮತ್ತು ದೇಹದೊಳಗಿನ ಇಂಗಾಲದ ಡೈಆಕ್ಸೈಡನ್ನು ಹೊರಹಾಕಲು ಉಸಿರಾಟದ ವ್ಯವಸ್ಥೆ ಪ್ರಮುಖ ಪಾತ್ರ ವಹಿಸುತ್ತದೆ. ಉಸಿರಾಟದ ನಾಳಗಳಲ್ಲಿ ಉಂಟಾಗುವ ಊತ ಮತ್ತು ಸಂಕುಚಿತತೆಯಿಂದ ಉಸಿರಾಡಲು ಕಷ್ಟವಾಗುವ ಸ್ಥಿತಿಯನ್ನು ಅಸ್ತಮ ಎಂದು ಕರೆಯಲಾಗುತ್ತದೆ. ಸರಿಯಾದ ಚಿಕಿತ್ಸೆ ಮತ್ತು ಎಚ್ಚರಿಕೆಯಿಂದ ಈ ಕಾಯಿಲೆಯನ್ನು ನಿಯಂತ್ರಣದಲ್ಲಿಡಬಹುದು. ಮನುಷ್ಯನ ದೇಹ ಹಲವಾರು ವ್ಯವಸ್ಥೆಗಳಿಂದ ರೂಪಿತವಾಗಿದ್ದು, ದೇಹದ ಎಲ್ಲಾ ವ್ಯವಸ್ಥೆಗಳ ಚಟುವಟಿಕೆಗಳಿಗೆ ಆಮ್ಲಜನಕವನ್ನು ಪೂರೈಸಲು ಮತ್ತು ದೇಹದೊಳಗಿನ ಇಂಗಾಲದ ಡೈಆಕ್ಸೈಡನ್ನು ಹೊರಹಾಕಲು ಉಸಿರಾಟದ ವ್ಯವಸ್ಥೆ ಪ್ರಮುಖ ಪಾತ್ರ ವಹಿಸುತ್ತದೆ. ಉಸಿರಾಟದ ನಾಳಗಳಲ್ಲಿ ಉಂಟಾಗುವ ಊತ ಮತ್ತು ಸಂಕುಚಿತತೆಯಿಂದ ಉಸಿರಾಡಲು
ಮನುಷ್ಯನ ದೇಹ ಹಲವಾರು ವ್ಯವಸ್ಥೆಗಳಿಂದ ರೂಪಿತವಾಗಿದ್ದು, ದೇಹದ ಎಲ್ಲಾ ವ್ಯವಸ್ಥೆಗಳ ಚಟುವಟಿಕೆಗಳಿಗೆ ಆಮ್ಲಜನಕವನ್ನು ಪೂರೈಸಲು ಮತ್ತು ದೇಹದೊಳಗಿನ ಇಂಗಾಲದ ಡೈಆಕ್ಸೈಡನ್ನು ಹೊರಹಾಕಲು ಉಸಿರಾಟದ ವ್ಯವಸ್ಥೆ ಪ್ರಮುಖ ಪಾತ್ರ ವಹಿಸುತ್ತದೆ. ಉಸಿರಾಟದ ನಾಳಗಳಲ್ಲಿ ಉಂಟಾಗುವ ಊತ ಮತ್ತು ಸಂಕುಚಿತತೆಯಿಂದ ಉಸಿರಾಡಲು ಕಷ್ಟವಾಗುವ ಸ್ಥಿತಿಯನ್ನು ಅಸ್ತಮ ಎಂದು ಕರೆಯಲಾಗುತ್ತದೆ. ಸರಿಯಾದ ಚಿಕಿತ್ಸೆ ಮತ್ತು ಎಚ್ಚರಿಕೆಯಿಂದ ಈ ಕಾಯಿಲೆಯನ್ನು ನಿಯಂತ್ರಣದಲ್ಲಿಡಬಹುದು. ಮನುಷ್ಯನ ದೇಹ ಹಲವಾರು ವ್ಯವಸ್ಥೆಗಳಿಂದ ರೂಪಿತವಾಗಿದ್ದು, ದೇಹದ ಎಲ್ಲಾ ವ್ಯವಸ್ಥೆಗಳ ಚಟುವಟಿಕೆಗಳಿಗೆ ಆಮ್ಲಜನಕವನ್ನು ಪೂರೈಸಲು ಮತ್ತು ದೇಹದೊಳಗಿನ ಇಂಗಾಲದ ಡೈಆಕ್ಸೈಡನ್ನು ಹೊರಹಾಕಲು ಉಸಿರಾಟದ ವ್ಯವಸ್ಥೆ ಪ್ರಮುಖ ಪಾತ್ರ ವಹಿಸುತ್ತದೆ. ಉಸಿರಾಟದ ನಾಳಗಳಲ್ಲಿ ಉಂಟಾಗುವ ಊತ ಮತ್ತು ಸಂಕುಚಿತತೆಯಿಂದ ಉಸಿರಾಡಲು ಕಷ್ಟವಾಗುವ ಸ್ಥಿತಿಯನ್ನು ಅಸ್ತಮ ಎಂದು ಕರೆಯಲಾಗುತ್ತದೆ. ಸರಿಯಾದ ಚಿಕಿತ್ಸೆ ಮತ್ತು ಎಚ್ಚರಿಕೆಯಿಂದ ಈ ಕಾಯಿಲೆಯನ್ನು ನಿಯಂತ್ರಣದಲ್ಲಿಡಬಹುದು. ಮನುಷ್ಯನ ದೇಹ ಹಲವಾರು ವ್ಯವಸ್ಥೆಗಳಿಂದ ರೂಪಿತವಾಗಿದ್ದು, ದೇಹದ ಎಲ್ಲಾ ವ್ಯವಸ್ಥೆಗಳ ಚಟುವಟಿಕೆಗಳಿಗೆ ಆಮ್ಲಜನಕವನ್ನು ಪೂರೈಸಲು ಮತ್ತು ದೇಹದೊಳಗಿನ ಇಂಗಾಲದ ಡೈಆಕ್ಸೈಡನ್ನು ಹೊರಹಾಕಲು ಉಸಿರಾಟದ ವ್ಯವಸ್ಥೆ ಪ್ರಮುಖ ಪಾತ್ರ ವಹಿಸುತ್ತದೆ. ಉಸಿರಾಟದ ನಾಳಗಳಲ್ಲಿ ಉಂಟಾಗುವ ಊತ ಮತ್ತು ಸಂಕುಚಿತತೆಯಿಂದ ಉಸಿರಾಡಲು ಕಷ್ಟವಾಗುವ ಸ್ಥಿತಿಯನ್ನು ಅಸ್ತಮ ಎಂದು ಕರೆಯಲಾಗುತ್ತದೆ. ಸರಿಯಾದ ಚಿಕಿತ್ಸೆ ಮತ್ತು ಎಚ್ಚರಿಕೆಯಿಂದ ಈ ಕಾಯಿಲೆಯನ್ನು ನಿಯಂತ್ರಣದಲ್ಲಿಡಬಹುದು. ಮನುಷ್ಯನ ದೇಹ ಹಲವಾರು ವ್ಯವಸ್ಥೆಗಳಿಂದ ರೂಪಿತವಾಗಿದ್ದು, ದೇಹದ ಎಲ್ಲಾ ವ್ಯವಸ್ಥೆಗಳ ಚಟುವಟಿಕೆಗಳಿಗೆ ಆಮ್ಲಜನಕವನ್ನು ಪೂರೈಸಲು ಮತ್ತು ದೇಹದೊಳಗಿನ ಇಂಗಾಲದ ಡೈಆಕ್ಸೈಡನ್ನು ಹೊರಹಾಕಲು ಉಸಿರಾಟದ ವ್ಯವಸ್ಥೆ ಪ್ರಮುಖ ಪಾತ್ರ ವಹಿಸುತ್ತದೆ. ಉಸಿರಾಟದ ನಾಳಗಳಲ್ಲಿ ಉಂಟಾಗುವ ಊತ ಮತ್ತು ಸಂಕುಚಿತತೆಯಿಂದ ಉಸಿರಾಡಲು ಕಷ್ಟವಾಗುವ ಸ್ಥಿತಿಯನ್ನು ಅಸ್ತಮ ಎಂದು ಕರೆಯಲಾಗುತ್ತದೆ. ಸರಿಯಾದ ಚಿಕಿತ್ಸೆ ಮತ್ತು ಎಚ್ಚರಿಕೆಯಿಂದ ಈ ಕಾಯಿಲೆಯನ್ನು ನಿಯಂತ್ರಣದಲ್ಲಿಡಬಹುದು. ಮನುಷ್ಯನ ದೇಹ ಹಲವಾರು ವ್ಯವಸ್ಥೆಗಳಿಂದ ರೂಪಿತವಾಗಿದ್ದು, ದೇಹದ ಎಲ್ಲಾ ವ್ಯವಸ್ಥೆಗಳ ಚಟುವಟಿಕೆಗಳಿಗೆ ಆಮ್ಲಜನಕವನ್ನು ಪೂರೈಸಲು ಮತ್ತು ದೇಹದೊಳಗಿನ ಇಂಗಾಲದ ಡೈಆಕ್ಸೈಡನ್ನು ಹೊರಹಾಕಲು ಉಸಿರಾಟದ ವ್ಯವಸ್ಥೆ ಪ್ರಮುಖ ಪಾತ್ರ ವಹಿಸುತ್ತದೆ. ಉಸಿರಾಟದ ನಾಳಗಳಲ್ಲಿ ಉಂಟಾಗುವ ಊತ ಮತ್ತು ಸಂಕುಚಿತತೆಯಿಂದ ಉಸಿರಾಡಲು ಕಷ್ಟವಾಗುವ ಸ್ಥಿತಿಯನ್ನು ಅಸ್ತಮ ಎಂದು ಕರೆಯಲಾಗುತ್ತದೆ. ಸರಿಯಾದ ಚಿಕಿತ್ಸೆ ಮತ್ತು ಎಚ್ಚರಿಕೆಯಿಂದ ಈ ಕಾಯಿಲೆಯನ್ನು ನಿಯಂತ್ರಣದಲ್ಲಿಡಬಹುದು. ಮನುಷ್ಯನ ದೇಹ ಹಲವಾರು ವ್ಯವಸ್ಥೆಗಳಿಂದ ರೂಪಿತವಾಗಿದ್ದು, ದೇಹದ ಎಲ್ಲಾ ವ್ಯವಸ್ಥೆಗಳ ಚಟುವಟಿಕೆಗಳಿಗೆ ಆಮ್ಲಜನಕವನ್ನು ಪೂರೈಸಲು ಮತ್ತು ದೇಹದೊಳಗಿನ ಇಂಗಾಲದ ಡೈಆಕ್ಸೈಡನ್ನು ಹೊರಹಾಕಲು ಉಸಿರಾಟದ ವ್ಯವಸ್ಥೆ ಪ್ರಮುಖ ಪಾತ್ರ ವಹಿಸುತ್ತದೆ. ಉಸಿರಾಟದ ನಾಳಗಳಲ್ಲಿ ಉಂಟಾಗುವ ಊತ ಮತ್ತು ಸಂಕುಚಿತತೆಯಿಂದ ಉಸಿರಾಡಲು ಕಷ್ಟವಾಗುವ ಸ್ಥಿತಿಯನ್ನು ಅಸ್ತಮ ಎಂದು ಕರೆಯಲಾಗುತ್ತದೆ. ಸರಿಯಾದ ಚಿಕಿತ್ಸೆ ಮತ್ತು ಎಚ್ಚರಿಕೆಯಿಂದ ಈ ಕಾಯಿಲೆಯನ್ನು ನಿಯಂತ್ರಣದಲ್ಲಿಡಬಹುದು.
ಮನುಷ್ಯನ ದೇಹ ಹಲವಾರು ವ್ಯವಸ್ಥೆಗಳಿಂದ ರೂಪಿತವಾಗಿದ್ದು, ದೇಹದ ಎಲ್ಲಾ ವ್ಯವಸ್ಥೆಗಳ ಚಟುವಟಿಕೆಗಳಿಗೆ ಆಮ್ಲಜನಕವನ್ನು ಪೂರೈಸಲು ಮತ್ತು ದೇಹದೊಳಗಿನ ಇಂಗಾಲದ ಡೈಆಕ್ಸೈಡನ್ನು ಹೊರಹಾಕಲು ಉಸಿರಾಟದ ವ್ಯವಸ್ಥೆ ಪ್ರಮುಖ ಪಾತ್ರ ವಹಿಸುತ್ತದೆ. ಉಸಿರಾಟದ ನಾಳಗಳಲ್ಲಿ ಉಂಟಾಗುವ ಊತ ಮತ್ತು ಸಂಕುಚಿತತೆಯಿಂದ ಉಸಿರಾಡಲು ಕಷ್ಟವಾಗುವ ಸ್ಥಿತಿಯನ್ನು ಅಸ್ತಮ ಎಂದು ಕರೆಯಲಾಗುತ್ತದೆ. ಸರಿಯಾದ ಚಿಕಿತ್ಸೆ ಮತ್ತು ಎಚ್ಚರಿಕೆಯಿಂದ ಈ ಕಾಯಿಲೆಯನ್ನು ನಿಯಂತ್ರಣದಲ್ಲಿಡಬಹುದು. ಮನುಷ್ಯನ ದೇಹ ಹಲವಾರು ವ್ಯವಸ್ಥೆಗಳಿಂದ ರೂಪಿತವಾಗಿದ್ದು, ದೇಹದ ಎಲ್ಲಾ ವ್ಯವಸ್ಥೆಗಳ ಚಟುವಟಿಕೆಗಳಿಗೆ ಆಮ್ಲಜನಕವನ್ನು ಪೂರೈಸಲು ಮತ್ತು ದೇಹದೊಳಗಿನ ಇಂಗಾಲದ ಡೈಆಕ್ಸೈಡನ್ನು ಹೊರಹಾಕಲು ಉಸಿರಾಟದ ವ್ಯವಸ್ಥೆ ಪ್ರಮುಖ ಪಾತ್ರ ವಹಿಸುತ್ತದೆ. ಉಸಿರಾಟದ ನಾಳಗಳಲ್ಲಿ ಉಂಟಾಗುವ ಊತ ಮತ್ತು ಸಂಕುಚಿತತೆಯಿಂದ ಉಸಿರಾಡಲು ಕಷ್ಟವಾಗುವ ಸ್ಥಿತಿಯನ್ನು ಅಸ್ತಮ ಎಂದು ಕರೆಯಲಾಗುತ್ತದೆ. ಸರಿಯಾದ ಚಿಕಿತ್ಸೆ ಮತ್ತು ಎಚ್ಚರಿಕೆಯಿಂದ ಈ ಕಾಯಿಲೆಯನ್ನು ನಿಯಂತ್ರಣದಲ್ಲಿಡಬಹುದು. ಮನುಷ್ಯನ ದೇಹ ಹಲವಾರು ವ್ಯವಸ್ಥೆಗಳಿಂದ ರೂಪಿತವಾಗಿದ್ದು, ದೇಹದ ಎಲ್ಲಾ ವ್ಯವಸ್ಥೆಗಳ ಚಟುವಟಿಕೆಗಳಿಗೆ ಆಮ್ಲಜನಕವನ್ನು ಪೂರೈಸಲು ಮತ್ತು ದೇಹದೊಳಗಿನ ಇಂಗಾಲದ ಡೈಆಕ್ಸೈಡನ್ನು ಹೊರಹಾಕಲು ಉಸಿರಾಟದ ವ್ಯವಸ್ಥೆ ಪ್ರಮುಖ ಪಾತ್ರ ವಹಿಸುತ್ತದೆ. ಉಸಿರಾಟದ ನಾಳಗಳಲ್ಲಿ ಉಂಟಾಗುವ ಊತ ಮತ್ತು ಸಂಕುಚಿತತೆಯಿಂದ ಉಸಿರಾಡಲು ಕಷ್ಟವಾಗುವ ಸ್ಥಿತಿಯನ್ನು ಅಸ್ತಮ ಎಂದು ಕರೆಯಲಾಗುತ್ತದೆ. ಸರಿಯಾದ ಚಿಕಿತ್ಸೆ ಮತ್ತು ಎಚ್ಚರಿಕೆಯಿಂದ ಈ ಕಾಯಿಲೆಯನ್ನು ನಿಯಂತ್ರಣದಲ್ಲಿಡಬಹುದು. ಮನುಷ್ಯನ ದೇಹ ಹಲವಾರು ವ್ಯವಸ್ಥೆಗಳಿಂದ ರೂಪಿತವಾಗಿದ್ದು, ದೇಹದ ಎಲ್ಲಾ ವ್ಯವಸ್ಥೆಗಳ ಚಟುವಟಿಕೆಗಳಿಗೆ ಆಮ್ಲಜನಕವನ್ನು ಪೂರೈಸಲು ಮತ್ತು ದೇಹದೊಳಗಿನ ಇಂಗಾಲದ ಡೈಆಕ್ಸೈಡನ್ನು ಹೊರಹಾಕಲು ಉಸಿರಾಟದ ವ್ಯವಸ್ಥೆ ಪ್ರಮುಖ ಪಾತ್ರ ವಹಿಸುತ್ತದೆ. ಉಸಿರಾಟದ ನಾಳಗಳಲ್ಲಿ ಉಂಟಾಗುವ ಊತ ಮತ್ತು ಸಂಕುಚಿತತೆಯಿಂದ ಉಸಿರಾಡಲು ಕಷ್ಟವಾಗುವ ಸ್ಥಿತಿಯನ್ನು ಅಸ್ತಮ ಎಂದು ಕರೆಯಲಾಗುತ್ತದೆ. ಸರಿಯಾದ ಚಿಕಿತ್ಸೆ ಮತ್ತು ಎಚ್ಚರಿಕೆಯಿಂದ ಈ ಕಾಯಿಲೆಯನ್ನು ನಿಯಂತ್ರಣದಲ್ಲಿಡಬಹುದು. ಮನುಷ್ಯನ ದೇಹ ಹಲವಾರು ವ್ಯವಸ್ಥೆಗಳಿಂದ ರೂಪಿತವಾಗಿದ್ದು, ದೇಹದ ಎಲ್ಲಾ ವ್ಯವಸ್ಥೆಗಳ ಚಟುವಟಿಕೆಗಳಿಗೆ ಆಮ್ಲಜನಕವನ್ನು ಪೂರೈಸಲು ಮತ್ತು ದೇಹದೊಳಗಿನ ಇಂಗಾಲದ ಡೈಆಕ್ಸೈಡನ್ನು ಹೊರಹಾಕಲು ಉಸಿರಾಟದ ವ್ಯವಸ್ಥೆ ಪ್ರಮುಖ ಪಾತ್ರ ವಹಿಸುತ್ತದೆ. ಉಸಿರಾಟದ ನಾಳಗಳಲ್ಲಿ ಉಂಟಾಗುವ ಊತ ಮತ್ತು ಸಂಕುಚಿತತೆಯಿಂದ ಉಸಿರಾಡಲು ಕಷ್ಟವಾಗುವ ಸ್ಥಿತಿಯನ್ನು ಅಸ್ತಮ ಎಂದು ಕರೆಯಲಾಗುತ್ತದೆ. ಸರಿಯಾದ ಚಿಕಿತ್ಸೆ ಮತ್ತು ಎಚ್ಚರಿಕೆಯಿಂದ ಈ ಕಾಯಿಲೆಯನ್ನು ನಿಯಂತ್ರಣದಲ್ಲಿಡಬಹುದು. ಮನುಷ್ಯನ ದೇಹ ಹಲವಾರು ವ್ಯವಸ್ಥೆಗಳಿಂದ ರೂಪಿತವಾಗಿದ್ದು, ದೇಹದ ಎಲ್ಲಾ ವ್ಯವಸ್ಥೆಗಳ ಚಟುವಟಿಕೆಗಳಿಗೆ ಆಮ್ಲಜನಕವನ್ನು ಪೂರೈಸಲು ಮತ್ತು ದೇಹದೊಳಗಿನ ಇಂಗಾಲದ ಡೈಆಕ್ಸೈಡನ್ನು ಹೊರಹಾಕಲು ಉಸಿರಾಟದ ವ್ಯವಸ್ಥೆ ಪ್ರಮುಖ ಪಾತ್ರ ವಹಿಸುತ್ತದೆ. ಉಸಿರಾಟದ ನಾಳಗಳಲ್ಲಿ ಉಂಟಾಗುವ ಊತ ಮತ್ತು ಸಂಕುಚಿತತೆಯಿಂದ ಉಸಿರಾಡಲು ಕಷ್ಟವಾಗುವ ಸ್ಥಿತಿಯನ್ನು ಅಸ್ತಮ ಎಂದು ಕರೆಯಲಾಗುತ್ತದೆ. ಸರಿಯಾದ ಚಿಕಿತ್ಸೆ ಮತ್ತು ಎಚ್ಚರಿಕೆಯಿಂದ ಈ ಕಾಯಿಲೆಯನ್ನು ನಿಯಂತ್ರಣದಲ್ಲಿಡಬಹುದು.
ಒಂದನೇ ಪುಟದಿಂದ
ರಾಜ್ಯದ ಘಟಾನುಘಟಿಗಳ ಭವಿಷ್ಯ ನಿರ್ಧಾರ
ಮನುಷ್ಯನ ದೇಹ ಹಲವಾರು ವ್ಯವಸ್ಥೆಗಳಿಂದ ರೂಪಿತವಾಗಿದ್ದು, ದೇಹದ ಎಲ್ಲಾ ವ್ಯವಸ್ಥೆಗಳ ಚಟುವಟಿಕೆಗಳಿಗೆ ಆಮ್ಲಜನಕವನ್ನು ಪೂರೈಸಲು ಮತ್ತು ದೇಹದೊಳಗಿನ ಇಂಗಾಲದ ಡೈಆಕ್ಸೈಡನ್ನು ಹೊರಹಾಕಲು ಉಸಿರಾಟದ ವ್ಯವಸ್ಥೆ ಪ್ರಮುಖ ಪಾತ್ರ ವಹಿಸುತ್ತದೆ. ಉಸಿರಾಟದ ನಾಳಗಳಲ್ಲಿ ಉಂಟಾಗುವ ಊತ ಮತ್ತು ಸಂಕುಚಿತತೆಯಿಂದ ಉಸಿರಾಡಲು ಕಷ್ಟವಾಗುವ ಸ್ಥಿತಿಯನ್ನು ಅಸ್ತಮ ಎಂದು ಕರೆಯಲಾಗುತ್ತದೆ. ಸರಿಯಾದ ಚಿಕಿತ್ಸೆ ಮತ್ತು ಎಚ್ಚರಿಕೆಯಿಂದ ಈ ಕಾಯಿಲೆಯನ್ನು ನಿಯಂತ್ರಣದಲ್ಲಿಡಬಹುದು. ಮನುಷ್ಯನ ದೇಹ ಹಲವಾರು ವ್ಯವಸ್ಥೆಗಳಿಂದ ರೂಪಿತವಾಗಿದ್ದು, ದೇಹದ ಎಲ್ಲಾ ವ್ಯವಸ್ಥೆಗಳ ಚಟುವಟಿಕೆಗಳಿಗೆ ಆಮ್ಲಜನಕವನ್ನು ಪೂರೈಸಲು ಮತ್ತು ದೇಹದೊಳಗಿನ ಇಂಗಾಲದ ಡೈಆಕ್ಸೈಡನ್ನು ಹೊರಹಾಕಲು ಉಸಿರಾಟದ ವ್ಯವಸ್ಥೆ ಪ್ರಮುಖ ಪಾತ್ರ ವಹಿಸುತ್ತದೆ. ಉಸಿರಾಟದ ನಾಳಗಳಲ್ಲಿ ಉಂಟಾಗುವ ಊತ ಮತ್ತು ಸಂಕುಚಿತತೆಯಿಂದ ಉಸಿರಾಡಲು ಕಷ್ಟವಾಗುವ ಸ್ಥಿತಿಯನ್ನು ಅಸ್ತಮ ಎಂದು ಕರೆಯಲಾಗುತ್ತದೆ. ಸರಿಯಾದ ಚಿಕಿತ್ಸೆ ಮತ್ತು ಎಚ್ಚರಿಕೆಯಿಂದ ಈ ಕಾಯಿಲೆಯನ್ನು ನಿಯಂತ್ರಣದಲ್ಲಿಡಬಹುದು. ಮನುಷ್ಯನ ದೇಹ ಹಲವಾರು ವ್ಯವಸ್ಥೆಗಳಿಂದ ರೂಪಿತವಾಗಿದ್ದು, ದೇಹದ ಎಲ್ಲಾ ವ್ಯವಸ್ಥೆಗಳ ಚಟುವಟಿಕೆಗಳಿಗೆ ಆಮ್ಲಜನಕವನ್ನು ಪೂರೈಸಲು ಮತ್ತು ದೇಹದೊಳಗಿನ ಇಂಗಾಲದ ಡೈಆಕ್ಸೈಡನ್ನು ಹೊರಹಾಕಲು ಉಸಿರಾಟದ ವ್ಯವಸ್ಥೆ ಪ್ರಮುಖ ಪಾತ್ರ ವಹಿಸುತ್ತದೆ. ಉಸಿರಾಟದ ನಾಳಗಳಲ್ಲಿ ಉಂಟಾಗುವ ಊತ ಮತ್ತು ಸಂಕುಚಿತತೆಯಿಂದ ಉಸಿರಾಡಲು ಕಷ್ಟವಾಗುವ ಸ್ಥಿತಿಯನ್ನು ಅಸ್ತಮ ಎಂದು ಕರೆಯಲಾಗುತ್ತದೆ. ಸರಿಯಾದ ಚಿಕಿತ್ಸೆ ಮತ್ತು ಎಚ್ಚರಿಕೆಯಿಂದ ಈ ಕಾಯಿಲೆಯನ್ನು ನಿಯಂತ್ರಣದಲ್ಲಿಡಬಹುದು. ಮನುಷ್ಯನ ದೇಹ ಹಲವಾರು ವ್ಯವಸ್ಥೆಗಳಿಂದ ರೂಪಿತವಾಗಿದ್ದು, ದೇಹದ ಎಲ್ಲಾ ವ್ಯವಸ್ಥೆಗಳ ಚಟುವಟಿಕೆಗಳಿಗೆ ಆಮ್ಲಜನಕವನ್ನು ಪೂರೈಸಲು ಮತ್ತು ದೇಹದೊಳಗಿನ ಇಂಗಾಲದ ಡೈಆಕ್ಸೈಡನ್ನು ಹೊರಹಾಕಲು ಉಸಿರಾಟದ ವ್ಯವಸ್ಥೆ ಪ್ರಮುಖ ಪಾತ್ರ ವಹಿಸುತ್ತದೆ. ಉಸಿರಾಟದ ನಾಳಗಳಲ್ಲಿ ಉಂಟಾಗುವ ಊತ ಮತ್ತು ಸಂಕುಚಿತತೆಯಿಂದ ಉಸಿರಾಡಲು ಕಷ್ಟವಾಗುವ ಸ್ಥಿತಿಯನ್ನು ಅಸ್ತಮ ಎಂದು ಕರೆಯಲಾಗುತ್ತದೆ. ಸರಿಯಾದ ಚಿಕಿತ್ಸೆ ಮತ್ತು ಎಚ್ಚರಿಕೆಯಿಂದ ಈ ಕಾಯಿಲೆಯನ್ನು ನಿಯಂತ್ರಣದಲ್ಲಿಡಬಹುದು. ಮನುಷ್ಯನ ದೇಹ ಹಲವಾರು ವ್ಯವಸ್ಥೆಗಳಿಂದ ರೂಪಿತವಾಗಿದ್ದು, ದೇಹದ ಎಲ್ಲಾ ವ್ಯವಸ್ಥೆಗಳ ಚಟುವಟಿಕೆಗಳಿಗೆ ಆಮ್ಲಜನಕವನ್ನು ಪೂರೈಸಲು ಮತ್ತು ದೇಹದೊಳಗಿನ ಇಂಗಾಲದ ಡೈಆಕ್ಸೈಡನ್ನು ಹೊರಹಾಕಲು ಉಸಿರಾಟದ
ಮನುಷ್ಯನ ದೇಹ ಹಲವಾರು ವ್ಯವಸ್ಥೆಗಳಿಂದ ರೂಪಿತವಾಗಿದ್ದು, ದೇಹದ ಎಲ್ಲಾ ವ್ಯವಸ್ಥೆಗಳ ಚಟುವಟಿಕೆಗಳಿಗೆ ಆಮ್ಲಜನಕವನ್ನು ಪೂರೈಸಲು ಮತ್ತು ದೇಹದೊಳಗಿನ ಇಂಗಾಲದ ಡೈಆಕ್ಸೈಡನ್ನು ಹೊರಹಾಕಲು ಉಸಿರಾಟದ ವ್ಯವಸ್ಥೆ ಪ್ರಮುಖ ಪಾತ್ರ ವಹಿಸುತ್ತದೆ. ಉಸಿರಾಟದ ನಾಳಗಳಲ್ಲಿ ಉಂಟಾಗುವ ಊತ ಮತ್ತು ಸಂಕುಚಿತತೆಯಿಂದ ಉಸಿರಾಡಲು ಕಷ್ಟವಾಗುವ ಸ್ಥಿತಿಯನ್ನು ಅಸ್ತಮ ಎಂದು ಕರೆಯಲಾಗುತ್ತದೆ. ಸರಿಯಾದ ಚಿಕಿತ್ಸೆ ಮತ್ತು ಎಚ್ಚರಿಕೆಯಿಂದ ಈ ಕಾಯಿಲೆಯನ್ನು ನಿಯಂತ್ರಣದಲ್ಲಿಡಬಹುದು. ಮನುಷ್ಯನ ದೇಹ ಹಲವಾರು ವ್ಯವಸ್ಥೆಗಳಿಂದ ರೂಪಿತವಾಗಿದ್ದು, ದೇಹದ ಎಲ್ಲಾ ವ್ಯವಸ್ಥೆಗಳ ಚಟುವಟಿಕೆಗಳಿಗೆ ಆಮ್ಲಜನಕವನ್ನು ಪೂರೈಸಲು ಮತ್ತು ದೇಹದೊಳಗಿನ ಇಂಗಾಲದ ಡೈಆಕ್ಸೈಡನ್ನು ಹೊರಹಾಕಲು ಉಸಿರಾಟದ ವ್ಯವಸ್ಥೆ ಪ್ರಮುಖ ಪಾತ್ರ ವಹಿಸುತ್ತದೆ. ಉಸಿರಾಟದ ನಾಳಗಳಲ್ಲಿ ಉಂಟಾಗುವ ಊತ ಮತ್ತು ಸಂಕುಚಿತತೆಯಿಂದ ಉಸಿರಾಡಲು ಕಷ್ಟವಾಗುವ ಸ್ಥಿತಿಯನ್ನು ಅಸ್ತಮ ಎಂದು ಕರೆಯಲಾಗುತ್ತದೆ. ಸರಿಯಾದ ಚಿಕಿತ್ಸೆ ಮತ್ತು ಎಚ್ಚರಿಕೆಯಿಂದ ಈ ಕಾಯಿಲೆಯನ್ನು ನಿಯಂತ್ರಣದಲ್ಲಿಡಬಹುದು. ಮನುಷ್ಯನ ದೇಹ ಹಲವಾರು ವ್ಯವಸ್ಥೆಗಳಿಂದ ರೂಪಿತವಾಗಿದ್ದು, ದೇಹದ ಎಲ್ಲಾ ವ್ಯವಸ್ಥೆಗಳ ಚಟುವಟಿಕೆಗಳಿಗೆ ಆಮ್ಲಜನಕವನ್ನು ಪೂರೈಸಲು ಮತ್ತು ದೇಹದೊಳಗಿನ ಇಂಗಾಲದ ಡೈಆಕ್ಸೈಡನ್ನು ಹೊರಹಾಕಲು ಉಸಿರಾಟದ ವ್ಯವಸ್ಥೆ ಪ್ರಮುಖ ಪಾತ್ರ ವಹಿಸುತ್ತದೆ. ಉಸಿರಾಟದ ನಾಳಗಳಲ್ಲಿ ಉಂಟಾಗುವ ಊತ ಮತ್ತು ಸಂಕುಚಿತತೆಯಿಂದ ಉಸಿರಾಡಲು ಕಷ್ಟವಾಗುವ ಸ್ಥಿತಿಯನ್ನು ಅಸ್ತಮ ಎಂದು ಕರೆಯಲಾಗುತ್ತದೆ. ಸರಿಯಾದ ಚಿಕಿತ್ಸೆ ಮತ್ತು ಎಚ್ಚರಿಕೆಯಿಂದ ಈ ಕಾಯಿಲೆಯನ್ನು ನಿಯಂತ್ರಣದಲ್ಲಿಡಬಹುದು. ಮನುಷ್ಯನ ದೇಹ ಹಲವಾರು ವ್ಯವಸ್ಥೆಗಳಿಂದ ರೂಪಿತವಾಗಿದ್ದು, ದೇಹದ ಎಲ್ಲಾ ವ್ಯವಸ್ಥೆಗಳ ಚಟುವಟಿಕೆಗಳಿಗೆ ಆಮ್ಲಜನಕವನ್ನು ಪೂರೈಸಲು ಮತ್ತು ದೇಹದೊಳಗಿನ ಇಂಗಾಲದ ಡೈಆಕ್ಸೈಡನ್ನು ಹೊರಹಾಕಲು ಉಸಿರಾಟದ ವ್ಯವಸ್ಥೆ ಪ್ರಮುಖ ಪಾತ್ರ ವಹಿಸುತ್ತದೆ. ಉಸಿರಾಟದ ನಾಳಗಳಲ್ಲಿ ಉಂಟಾಗುವ ಊತ ಮತ್ತು ಸಂಕುಚಿತತೆಯಿಂದ ಉಸಿರಾಡಲು ಕಷ್ಟವಾಗುವ ಸ್ಥಿತಿಯನ್ನು ಅಸ್ತಮ ಎಂದು ಕರೆಯಲಾಗುತ್ತದೆ. ಸರಿಯಾದ ಚಿಕಿತ್ಸೆ ಮತ್ತು ಎಚ್ಚರಿಕೆಯಿಂದ ಈ ಕಾಯಿಲೆಯನ್ನು ನಿಯಂತ್ರಣದಲ್ಲಿಡಬಹುದು. ಮನುಷ್ಯನ ದೇಹ ಹಲವಾರು ವ್ಯವಸ್ಥೆಗಳಿಂದ ರೂಪಿತವಾಗಿದ್ದು, ದೇಹದ ಎಲ್ಲಾ ವ್ಯವಸ್ಥೆಗಳ ಚಟುವಟಿಕೆಗಳಿಗೆ ಆಮ್ಲಜನಕವನ್ನು ಪೂರೈಸಲು ಮತ್ತು ದೇಹದೊಳಗಿನ ಇಂಗಾಲದ ಡೈಆಕ್ಸೈಡನ್ನು ಹೊರಹಾಕಲು ಉಸಿರಾಟದ
ಮನುಷ್ಯನ ದೇಹ ಹಲವಾರು ವ್ಯವಸ್ಥೆಗಳಿಂದ ರೂಪಿತವಾಗಿದ್ದು, ದೇಹದ ಎಲ್ಲಾ ವ್ಯವಸ್ಥೆಗಳ ಚಟುವಟಿಕೆಗಳಿಗೆ ಆಮ್ಲಜನಕವನ್ನು ಪೂರೈಸಲು ಮತ್ತು ದೇಹದೊಳಗಿನ ಇಂಗಾಲದ ಡೈಆಕ್ಸೈಡನ್ನು ಹೊರಹಾಕಲು ಉಸಿರಾಟದ ವ್ಯವಸ್ಥೆ ಪ್ರಮುಖ ಪಾತ್ರ ವಹಿಸುತ್ತದೆ. ಉಸಿರಾಟದ ನಾಳಗಳಲ್ಲಿ ಉಂಟಾಗುವ ಊತ ಮತ್ತು ಸಂಕುಚಿತತೆಯಿಂದ ಉಸಿರಾಡಲು ಕಷ್ಟವಾಗುವ ಸ್ಥಿತಿಯನ್ನು ಅಸ್ತಮ ಎಂದು ಕರೆಯಲಾಗುತ್ತದೆ. ಸರಿಯಾದ ಚಿಕಿತ್ಸೆ ಮತ್ತು ಎಚ್ಚರಿಕೆಯಿಂದ ಈ ಕಾಯಿಲೆಯನ್ನು ನಿಯಂತ್ರಣದಲ್ಲಿಡಬಹುದು. ಮನುಷ್ಯನ ದೇಹ ಹಲವಾರು ವ್ಯವಸ್ಥೆಗಳಿಂದ ರೂಪಿತವಾಗಿದ್ದು, ದೇಹದ ಎಲ್ಲಾ ವ್ಯವಸ್ಥೆಗಳ ಚಟುವಟಿಕೆಗಳಿಗೆ ಆಮ್ಲಜನಕವನ್ನು ಪೂರೈಸಲು ಮತ್ತು ದೇಹದೊಳಗಿನ ಇಂಗಾಲದ ಡೈಆಕ್ಸೈಡನ್ನು ಹೊರಹಾಕಲು ಉಸಿರಾಟದ ವ್ಯವಸ್ಥೆ ಪ್ರಮುಖ ಪಾತ್ರ ವಹಿಸುತ್ತದೆ. ಉಸಿರಾಟದ ನಾಳಗಳಲ್ಲಿ ಉಂಟಾಗುವ ಊತ ಮತ್ತು ಸಂಕುಚಿತತೆಯಿಂದ ಉಸಿರಾಡಲು ಕಷ್ಟವಾಗುವ ಸ್ಥಿತಿಯನ್ನು ಅಸ್ತಮ ಎಂದು ಕರೆಯಲಾಗುತ್ತದೆ. ಸರಿಯಾದ ಚಿಕಿತ್ಸೆ ಮತ್ತು ಎಚ್ಚರಿಕೆಯಿಂದ ಈ ಕಾಯಿಲೆಯನ್ನು ನಿಯಂತ್ರಣದಲ್ಲಿಡಬಹುದು. ಮನುಷ್ಯನ ದೇಹ ಹಲವಾರು ವ್ಯವಸ್ಥೆಗಳಿಂದ ರೂಪಿತವಾಗಿದ್ದು, ದೇಹದ ಎಲ್ಲಾ ವ್ಯವಸ್ಥೆಗಳ ಚಟುವಟಿಕೆಗಳಿಗೆ ಆಮ್ಲಜನಕವನ್ನು ಪೂರೈಸಲು ಮತ್ತು ದೇಹದೊಳಗಿನ ಇಂಗಾಲದ ಡೈಆಕ್ಸೈಡನ್ನು ಹೊರಹಾಕಲು ಉಸಿರಾಟದ ವ್ಯವಸ್ಥೆ ಪ್ರಮುಖ ಪಾತ್ರ ವಹಿಸುತ್ತದೆ. ಉಸಿರಾಟದ ನಾಳಗಳಲ್ಲಿ ಉಂಟಾಗುವ ಊತ ಮತ್ತು ಸಂಕುಚಿತತೆಯಿಂದ ಉಸಿರಾಡಲು ಕಷ್ಟವಾಗುವ ಸ್ಥಿತಿಯನ್ನು ಅಸ್ತಮ ಎಂದು ಕರೆಯಲಾಗುತ್ತದೆ. ಸರಿಯಾದ ಚಿಕಿತ್ಸೆ ಮತ್ತು ಎಚ್ಚರಿಕೆಯಿಂದ ಈ ಕಾಯಿಲೆಯನ್ನು ನಿಯಂತ್ರಣದಲ್ಲಿಡಬಹುದು. ಮನುಷ್ಯನ ದೇಹ ಹಲವಾರು ವ್ಯವಸ್ಥೆಗಳಿಂದ ರೂಪಿತವಾಗಿದ್ದು, ದೇಹದ ಎಲ್ಲಾ ವ್ಯವಸ್ಥೆಗಳ ಚಟುವಟಿಕೆಗಳಿಗೆ ಆಮ್ಲಜನಕವನ್ನು ಪೂರೈಸಲು ಮತ್ತು ದೇಹದೊಳಗಿನ ಇಂಗಾಲದ ಡೈಆಕ್ಸೈಡನ್ನು ಹೊರಹಾಕಲು ಉಸಿರಾಟದ ವ್ಯವಸ್ಥೆ ಪ್ರಮುಖ ಪಾತ್ರ ವಹಿಸುತ್ತದೆ. ಉಸಿರಾಟದ ನಾಳಗಳಲ್ಲಿ ಉಂಟಾಗುವ ಊತ ಮತ್ತು ಸಂಕುಚಿತತೆಯಿಂದ ಉಸಿರಾಡಲು ಕಷ್ಟವಾಗುವ ಸ್ಥಿತಿಯನ್ನು ಅಸ್ತಮ ಎಂದು ಕರೆಯಲಾಗುತ್ತದೆ. ಸರಿಯಾದ ಚಿಕಿತ್ಸೆ ಮತ್ತು ಎಚ್ಚರಿಕೆಯಿಂದ ಈ ಕಾಯಿಲೆಯನ್ನು ನಿಯಂತ್ರಣದಲ್ಲಿಡಬಹುದು. ಮನುಷ್ಯನ ದೇಹ ಹಲವಾರು ವ್ಯವಸ್ಥೆಗಳಿಂದ ರೂಪಿತವಾಗಿದ್ದು, ದೇಹದ ಎಲ್ಲಾ ವ್ಯವಸ್ಥೆಗಳ ಚಟುವಟಿಕೆಗಳಿಗೆ ಆಮ್ಲಜನಕವನ್ನು ಪೂರೈಸಲು ಮತ್ತು ದೇಹದೊಳಗಿನ ಇಂಗಾಲದ ಡೈಆಕ್ಸೈಡನ್ನು ಹೊರಹಾಕಲು ಉಸಿರಾಟದ
ಮನುಷ್ಯನ ದೇಹ ಹಲವಾರು ವ್ಯವಸ್ಥೆಗಳಿಂದ ರೂಪಿತವಾಗಿದ್ದು, ದೇಹದ ಎಲ್ಲಾ ವ್ಯವಸ್ಥೆಗಳ ಚಟುವಟಿಕೆಗಳಿಗೆ ಆಮ್ಲಜನಕವನ್ನು ಪೂರೈಸಲು ಮತ್ತು ದೇಹದೊಳಗಿನ ಇಂಗಾಲದ ಡೈಆಕ್ಸೈಡನ್ನು ಹೊರಹಾಕಲು ಉಸಿರಾಟದ ವ್ಯವಸ್ಥೆ ಪ್ರಮುಖ ಪಾತ್ರ ವಹಿಸುತ್ತದೆ. ಉಸಿರಾಟದ ನಾಳಗಳಲ್ಲಿ ಉಂಟಾಗುವ ಊತ ಮತ್ತು ಸಂಕುಚಿತತೆಯಿಂದ ಉಸಿರಾಡಲು ಕಷ್ಟವಾಗುವ ಸ್ಥಿತಿಯನ್ನು ಅಸ್ತಮ ಎಂದು ಕರೆಯಲಾಗುತ್ತದೆ. ಸರಿಯಾದ ಚಿಕಿತ್ಸೆ ಮತ್ತು ಎಚ್ಚರಿಕೆಯಿಂದ ಈ ಕಾಯಿಲೆಯನ್ನು ನಿಯಂತ್ರಣದಲ್ಲಿಡಬಹುದು. ಮನುಷ್ಯನ ದೇಹ ಹಲವಾರು ವ್ಯವಸ್ಥೆಗಳಿಂದ ರೂಪಿತವಾಗಿದ್ದು, ದೇಹದ ಎಲ್ಲಾ ವ್ಯವಸ್ಥೆಗಳ ಚಟುವಟಿಕೆಗಳಿಗೆ ಆಮ್ಲಜನಕವನ್ನು ಪೂರೈಸಲು ಮತ್ತು ದೇಹದೊಳಗಿನ ಇಂಗಾಲದ ಡೈಆಕ್ಸೈಡನ್ನು ಹೊರಹಾಕಲು ಉಸಿರಾಟದ ವ್ಯವಸ್ಥೆ ಪ್ರಮುಖ ಪಾತ್ರ ವಹಿಸುತ್ತದೆ. ಉಸಿರಾಟದ ನಾಳಗಳಲ್ಲಿ ಉಂಟಾಗುವ ಊತ ಮತ್ತು ಸಂಕುಚಿತತೆಯಿಂದ ಉಸಿರಾಡಲು ಕಷ್ಟವಾಗುವ ಸ್ಥಿತಿಯನ್ನು ಅಸ್ತಮ ಎಂದು ಕರೆಯಲಾಗುತ್ತದೆ. ಸರಿಯಾದ ಚಿಕಿತ್ಸೆ ಮತ್ತು ಎಚ್ಚರಿಕೆಯಿಂದ ಈ ಕಾಯಿಲೆಯನ್ನು ನಿಯಂತ್ರಣದಲ್ಲಿಡಬಹುದು. ಮನುಷ್ಯನ ದೇಹ ಹಲವಾರು ವ್ಯವಸ್ಥೆಗಳಿಂದ ರೂಪಿತವಾಗಿದ್ದು, ದೇಹದ ಎಲ್ಲಾ ವ್ಯವಸ್ಥೆಗಳ ಚಟುವಟಿಕೆಗಳಿಗೆ ಆಮ್ಲಜನಕವನ್ನು ಪೂರೈಸಲು ಮತ್ತು ದೇಹದೊಳಗಿನ ಇಂಗಾಲದ ಡೈಆಕ್ಸೈಡನ್ನು ಹೊರಹಾಕಲು ಉಸಿರಾಟದ ವ್ಯವಸ್ಥೆ ಪ್ರಮುಖ ಪಾತ್ರ ವಹಿಸುತ್ತದೆ. ಉಸಿರಾಟದ ನಾಳಗಳಲ್ಲಿ ಉಂಟಾಗುವ ಊತ ಮತ್ತು ಸಂಕುಚಿತತೆಯಿಂದ ಉಸಿರಾಡಲು ಕಷ್ಟವಾಗುವ ಸ್ಥಿತಿಯನ್ನು ಅಸ್ತಮ ಎಂದು ಕರೆಯಲಾಗುತ್ತದೆ. ಸರಿಯಾದ ಚಿಕಿತ್ಸೆ ಮತ್ತು ಎಚ್ಚರಿಕೆಯಿಂದ ಈ ಕಾಯಿಲೆಯನ್ನು ನಿಯಂತ್ರಣದಲ್ಲಿಡಬಹುದು. ಮನುಷ್ಯನ ದೇಹ ಹಲವಾರು ವ್ಯವಸ್ಥೆಗಳಿಂದ ರೂಪಿತವಾಗಿದ್ದು, ದೇಹದ ಎಲ್ಲಾ ವ್ಯವಸ್ಥೆಗಳ ಚಟುವಟಿಕೆಗಳಿಗೆ ಆಮ್ಲಜನಕವನ್ನು ಪೂರೈಸಲು ಮತ್ತು ದೇಹದೊಳಗಿನ ಇಂಗಾಲದ ಡೈಆಕ್ಸೈಡನ್ನು ಹೊರಹಾಕಲು ಉಸಿರಾಟದ ವ್ಯವಸ್ಥೆ ಪ್ರಮುಖ ಪಾತ್ರ ವಹಿಸುತ್ತದೆ. ಉಸಿರಾಟದ ನಾಳಗಳಲ್ಲಿ ಉಂಟಾಗುವ ಊತ ಮತ್ತು ಸಂಕುಚಿತತೆಯಿಂದ ಉಸಿರಾಡಲು ಕಷ್ಟವಾಗುವ ಸ್ಥಿತಿಯನ್ನು ಅಸ್ತಮ ಎಂದು ಕರೆಯಲಾಗುತ್ತದೆ. ಸರಿಯಾದ ಚಿಕಿತ್ಸೆ ಮತ್ತು ಎಚ್ಚರಿಕೆಯಿಂದ ಈ ಕಾಯಿಲೆಯನ್ನು ನಿಯಂತ್ರಣದಲ್ಲಿಡಬಹುದು. ಮನುಷ್ಯನ ದೇಹ ಹಲವಾರು ವ್ಯವಸ್ಥೆಗಳಿಂದ ರೂಪಿತವಾಗಿದ್ದು, ದೇಹದ ಎಲ್ಲಾ ವ್ಯವಸ್ಥೆಗಳ ಚಟುವಟಿಕೆಗಳಿಗೆ ಆಮ್ಲಜನಕವನ್ನು ಪೂರೈಸಲು ಮತ್ತು ದೇಹದೊಳಗಿನ ಇಂಗಾಲದ ಡೈಆಕ್ಸೈಡನ್ನು ಹೊರಹಾಕಲು ಉಸಿರಾಟದ ವ್ಯವಸ್ಥೆ ಪ್ರಮುಖ ಪಾತ್ರ ವಹಿಸುತ್ತದೆ. ಉಸಿರಾಟದ ನಾಳಗಳಲ್ಲಿ ಉಂಟಾಗುವ ಊತ ಮತ್ತು ಸಂಕುಚಿತತೆಯಿಂದ ಉಸಿರಾಡಲು ಕಷ್ಟವಾಗುವ ಸ್ಥಿತಿಯನ್ನು ಅಸ್ತಮ ಎಂದು ಕರೆಯಲಾಗುತ್ತದೆ. ಸರಿಯಾದ ಚಿಕಿತ್ಸೆ ಮತ್ತು ಎಚ್ಚರಿಕೆಯಿಂದ ಈ ಕಾಯಿಲೆಯನ್ನು ನಿಯಂತ್ರಣದಲ್ಲಿಡಬಹುದು. ಮನುಷ್ಯನ ದೇಹ ಹಲವಾರು ವ್ಯವಸ್ಥೆಗಳಿಂದ ರೂಪಿತವಾಗಿದ್ದು, ದೇಹದ ಎಲ್ಲಾ ವ್ಯವಸ್ಥೆಗಳ ಚಟುವಟಿಕೆಗಳಿಗೆ ಆಮ್ಲಜನಕವನ್ನು ಪೂರೈಸಲು ಮತ್ತು ದೇಹದೊಳಗಿನ ಇಂಗಾಲದ ಡೈಆಕ್ಸೈಡನ್ನು ಹೊರಹಾಕಲು
ಹೆಚ್‌ಡಿಕೆ ಸಿ.ಎಂ
ಮನುಷ್ಯನ ದೇಹ ಹಲವಾರು ವ್ಯವಸ್ಥೆಗಳಿಂದ ರೂಪಿತವಾಗಿದ್ದು, ದೇಹದ ಎಲ್ಲಾ ವ್ಯವಸ್ಥೆಗಳ ಚಟುವಟಿಕೆಗಳಿಗೆ ಆಮ್ಲಜನಕವನ್ನು ಪೂರೈಸಲು ಮತ್ತು ದೇಹದೊಳಗಿನ ಇಂಗಾಲದ ಡೈಆಕ್ಸೈಡನ್ನು ಹೊರಹಾಕಲು ಉಸಿರಾಟದ ವ್ಯವಸ್ಥೆ ಪ್ರಮುಖ ಪಾತ್ರ ವಹಿಸುತ್ತದೆ. ಉಸಿರಾಟದ ನಾಳಗಳಲ್ಲಿ ಉಂಟಾಗುವ ಊತ ಮತ್ತು ಸಂಕುಚಿತತೆಯಿಂದ ಉಸಿರಾಡಲು ಕಷ್ಟವಾಗುವ ಸ್ಥಿತಿಯನ್ನು ಅಸ್ತಮ ಎಂದು ಕರೆಯಲಾಗುತ್ತದೆ. ಸರಿಯಾದ ಚಿಕಿತ್ಸೆ ಮತ್ತು ಎಚ್ಚರಿಕೆಯಿಂದ ಈ ಕಾಯಿಲೆಯನ್ನು ನಿಯಂತ್ರಣದಲ್ಲಿಡಬಹುದು. ಮನುಷ್ಯನ ದೇಹ ಹಲವಾರು ವ್ಯವಸ್ಥೆಗಳಿಂದ ರೂಪಿತವಾಗಿದ್ದು, ದೇಹದ ಎಲ್ಲಾ ವ್ಯವಸ್ಥೆಗಳ ಚಟುವಟಿಕೆಗಳಿಗೆ ಆಮ್ಲಜನಕವನ್ನು ಪೂರೈಸಲು ಮತ್ತು ದೇಹದೊಳಗಿನ ಇಂಗಾಲದ ಡೈಆಕ್ಸೈಡನ್ನು ಹೊರಹಾಕಲು ಉಸಿರಾಟದ ವ್ಯವಸ್ಥೆ ಪ್ರಮುಖ ಪಾತ್ರ ವಹಿಸುತ್ತದೆ. ಉಸಿರಾಟದ ನಾಳಗಳಲ್ಲಿ ಉಂಟಾಗುವ ಊತ ಮತ್ತು ಸಂಕುಚಿತತೆಯಿಂದ ಉಸಿರಾಡಲು ಕಷ್ಟವಾಗುವ ಸ್ಥಿತಿಯನ್ನು ಅಸ್ತಮ ಎಂದು ಕರೆಯಲಾಗುತ್ತದೆ. ಸರಿಯಾದ ಚಿಕಿತ್ಸೆ ಮತ್ತು ಎಚ್ಚರಿಕೆಯಿಂದ ಈ ಕಾಯಿಲೆಯನ್ನು ನಿಯಂತ್ರಣದಲ್ಲಿಡಬಹುದು. ಮನುಷ್ಯನ ದೇಹ ಹಲವಾರು ವ್ಯವಸ್ಥೆಗಳಿಂದ ರೂಪಿತವಾಗಿದ್ದು, ದೇಹದ ಎಲ್ಲಾ ವ್ಯವಸ್ಥೆಗಳ ಚಟುವಟಿಕೆಗಳಿಗೆ ಆಮ್ಲಜನಕವನ್ನು ಪೂರೈಸಲು ಮತ್ತು ದೇಹದೊಳಗಿನ ಇಂಗಾಲದ ಡೈಆಕ್ಸೈಡನ್ನು ಹೊರಹಾಕಲು ಉಸಿರಾಟದ ವ್ಯವಸ್ಥೆ ಪ್ರಮುಖ ಪಾತ್ರ ವಹಿಸುತ್ತದೆ. ಉಸಿರಾಟದ ನಾಳಗಳಲ್ಲಿ ಉಂಟಾಗುವ ಊತ ಮತ್ತು ಸಂಕುಚಿತತೆಯಿಂದ ಉಸಿರಾಡಲು ಕಷ್ಟವಾಗುವ ಸ್ಥಿತಿಯನ್ನು ಅಸ್ತಮ ಎಂದು ಕರೆಯಲಾಗುತ್ತದೆ. ಸರಿಯಾದ ಚಿಕಿತ್ಸೆ ಮತ್ತು ಎಚ್ಚರಿಕೆಯಿಂದ ಈ ಕಾಯಿಲೆಯನ್ನು ನಿಯಂತ್ರಣದಲ್ಲಿಡಬಹುದು. ಮನುಷ್ಯನ ದೇಹ ಹಲವಾರು ವ್ಯವಸ್ಥೆಗಳಿಂದ ರೂಪಿತವಾಗಿದ್ದು, ದೇಹದ ಎಲ್ಲಾ ವ್ಯವಸ್ಥೆಗಳ ಚಟುವಟಿಕೆಗಳಿಗೆ ಆಮ್ಲಜನಕವನ್ನು ಪೂರೈಸಲು ಮತ್ತು ದೇಹದೊಳಗಿನ ಇಂಗಾಲದ ಡೈಆಕ್ಸೈಡನ್ನು ಹೊರಹಾಕಲು ಉಸಿರಾಟದ ವ್ಯವಸ್ಥೆ ಪ್ರಮುಖ ಪಾತ್ರ ವಹಿಸುತ್ತದೆ. ಉಸಿರಾಟದ ನಾಳಗಳಲ್ಲಿ ಉಂಟಾಗುವ ಊತ ಮತ್ತು ಸಂಕುಚಿತತೆಯಿಂದ ಉಸಿರಾಡಲು ಕಷ್ಟವಾಗುವ ಸ್ಥಿತಿಯನ್ನು ಅಸ್ತಮ ಎಂದು ಕರೆಯಲಾಗುತ್ತದೆ. ಸರಿಯಾದ ಚಿಕಿತ್ಸೆ ಮತ್ತು ಎಚ್ಚರಿಕೆಯಿಂದ ಈ ಕಾಯಿಲೆಯನ್ನು ನಿಯಂತ್ರಣದಲ್ಲಿಡಬಹುದು. ಮನುಷ್ಯನ ದೇಹ ಹಲವಾರು ವ್ಯವಸ್ಥೆಗಳಿಂದ ರೂಪಿತವಾಗಿದ್ದು, ದೇಹದ ಎಲ್ಲಾ ವ್ಯವಸ್ಥೆಗಳ ಚಟುವಟಿಕೆಗಳಿಗೆ ಆಮ್ಲಜನಕವನ್ನು ಪೂರೈಸಲು ಮತ್ತು ದೇಹದೊಳಗಿನ ಇಂಗಾಲದ ಡೈಆಕ್ಸೈಡನ್ನು ಹೊರಹಾಕಲು ಉಸಿರಾಟದ ವ್ಯವಸ್ಥೆ ಪ್ರಮುಖ ಪಾತ್ರ ವಹಿಸುತ್ತದೆ. ಉಸಿರಾಟದ ನಾಳಗಳಲ್ಲಿ ಉಂಟಾಗುವ ಊತ ಮತ್ತು ಸಂಕುಚಿತತೆಯಿಂದ ಉಸಿರಾಡಲು ಕಷ್ಟವಾಗುವ ಸ್ಥಿತಿಯನ್ನು ಅಸ್ತಮ ಎಂದು ಕರೆಯಲಾಗುತ್ತದೆ. ಸರಿಯಾದ ಚಿಕಿತ್ಸೆ ಮತ್ತು ಎಚ್ಚರಿಕೆಯಿಂದ ಈ ಕಾಯಿಲೆಯನ್ನು ನಿಯಂತ್ರಣದಲ್ಲಿಡಬಹುದು. ಮನುಷ್ಯನ ದೇಹ ಹಲವಾರು ವ್ಯವಸ್ಥೆಗಳಿಂದ ರೂಪಿತವಾಗಿದ್ದು, ದೇಹದ ಎಲ್ಲಾ ವ್ಯವಸ್ಥೆಗಳ
Printed by T.S. Gopinath, Published by M. Govinde Gowda on behalf of Academy Newspapers Private Limited, 15-C Industrial 'A' Layout, Bannimantap, Mysore-570 015 and Printed at Academy Newspapers Private Limited, 15-C Industrial 'A' Layout, Bannimantap, Mysore-570 015 and Published at 15-C Industrial 'A' Layout, Bannimantap, Mysore-570 015, Editor: M. Govinde Gowda Ph: 2496520 / 2496521 / 2496526 / 2496527 / 2496528. Fax: 0821-2496525. CITY OFFICES: Visweswaraya Building, III Floor, K.R. CIRCLE, MYSORE-570 001, Ph: 2431774 and No. 114, D. DEVARAJ URS ROAD (Opposite Big Bus), MYSORE-570 001. Ph: 2428695. RNI Reg. No. 36581 / 1980 E-mail address: mysoorumithra@gmail.com For advertisements: mysoorumithra@gmail.com
